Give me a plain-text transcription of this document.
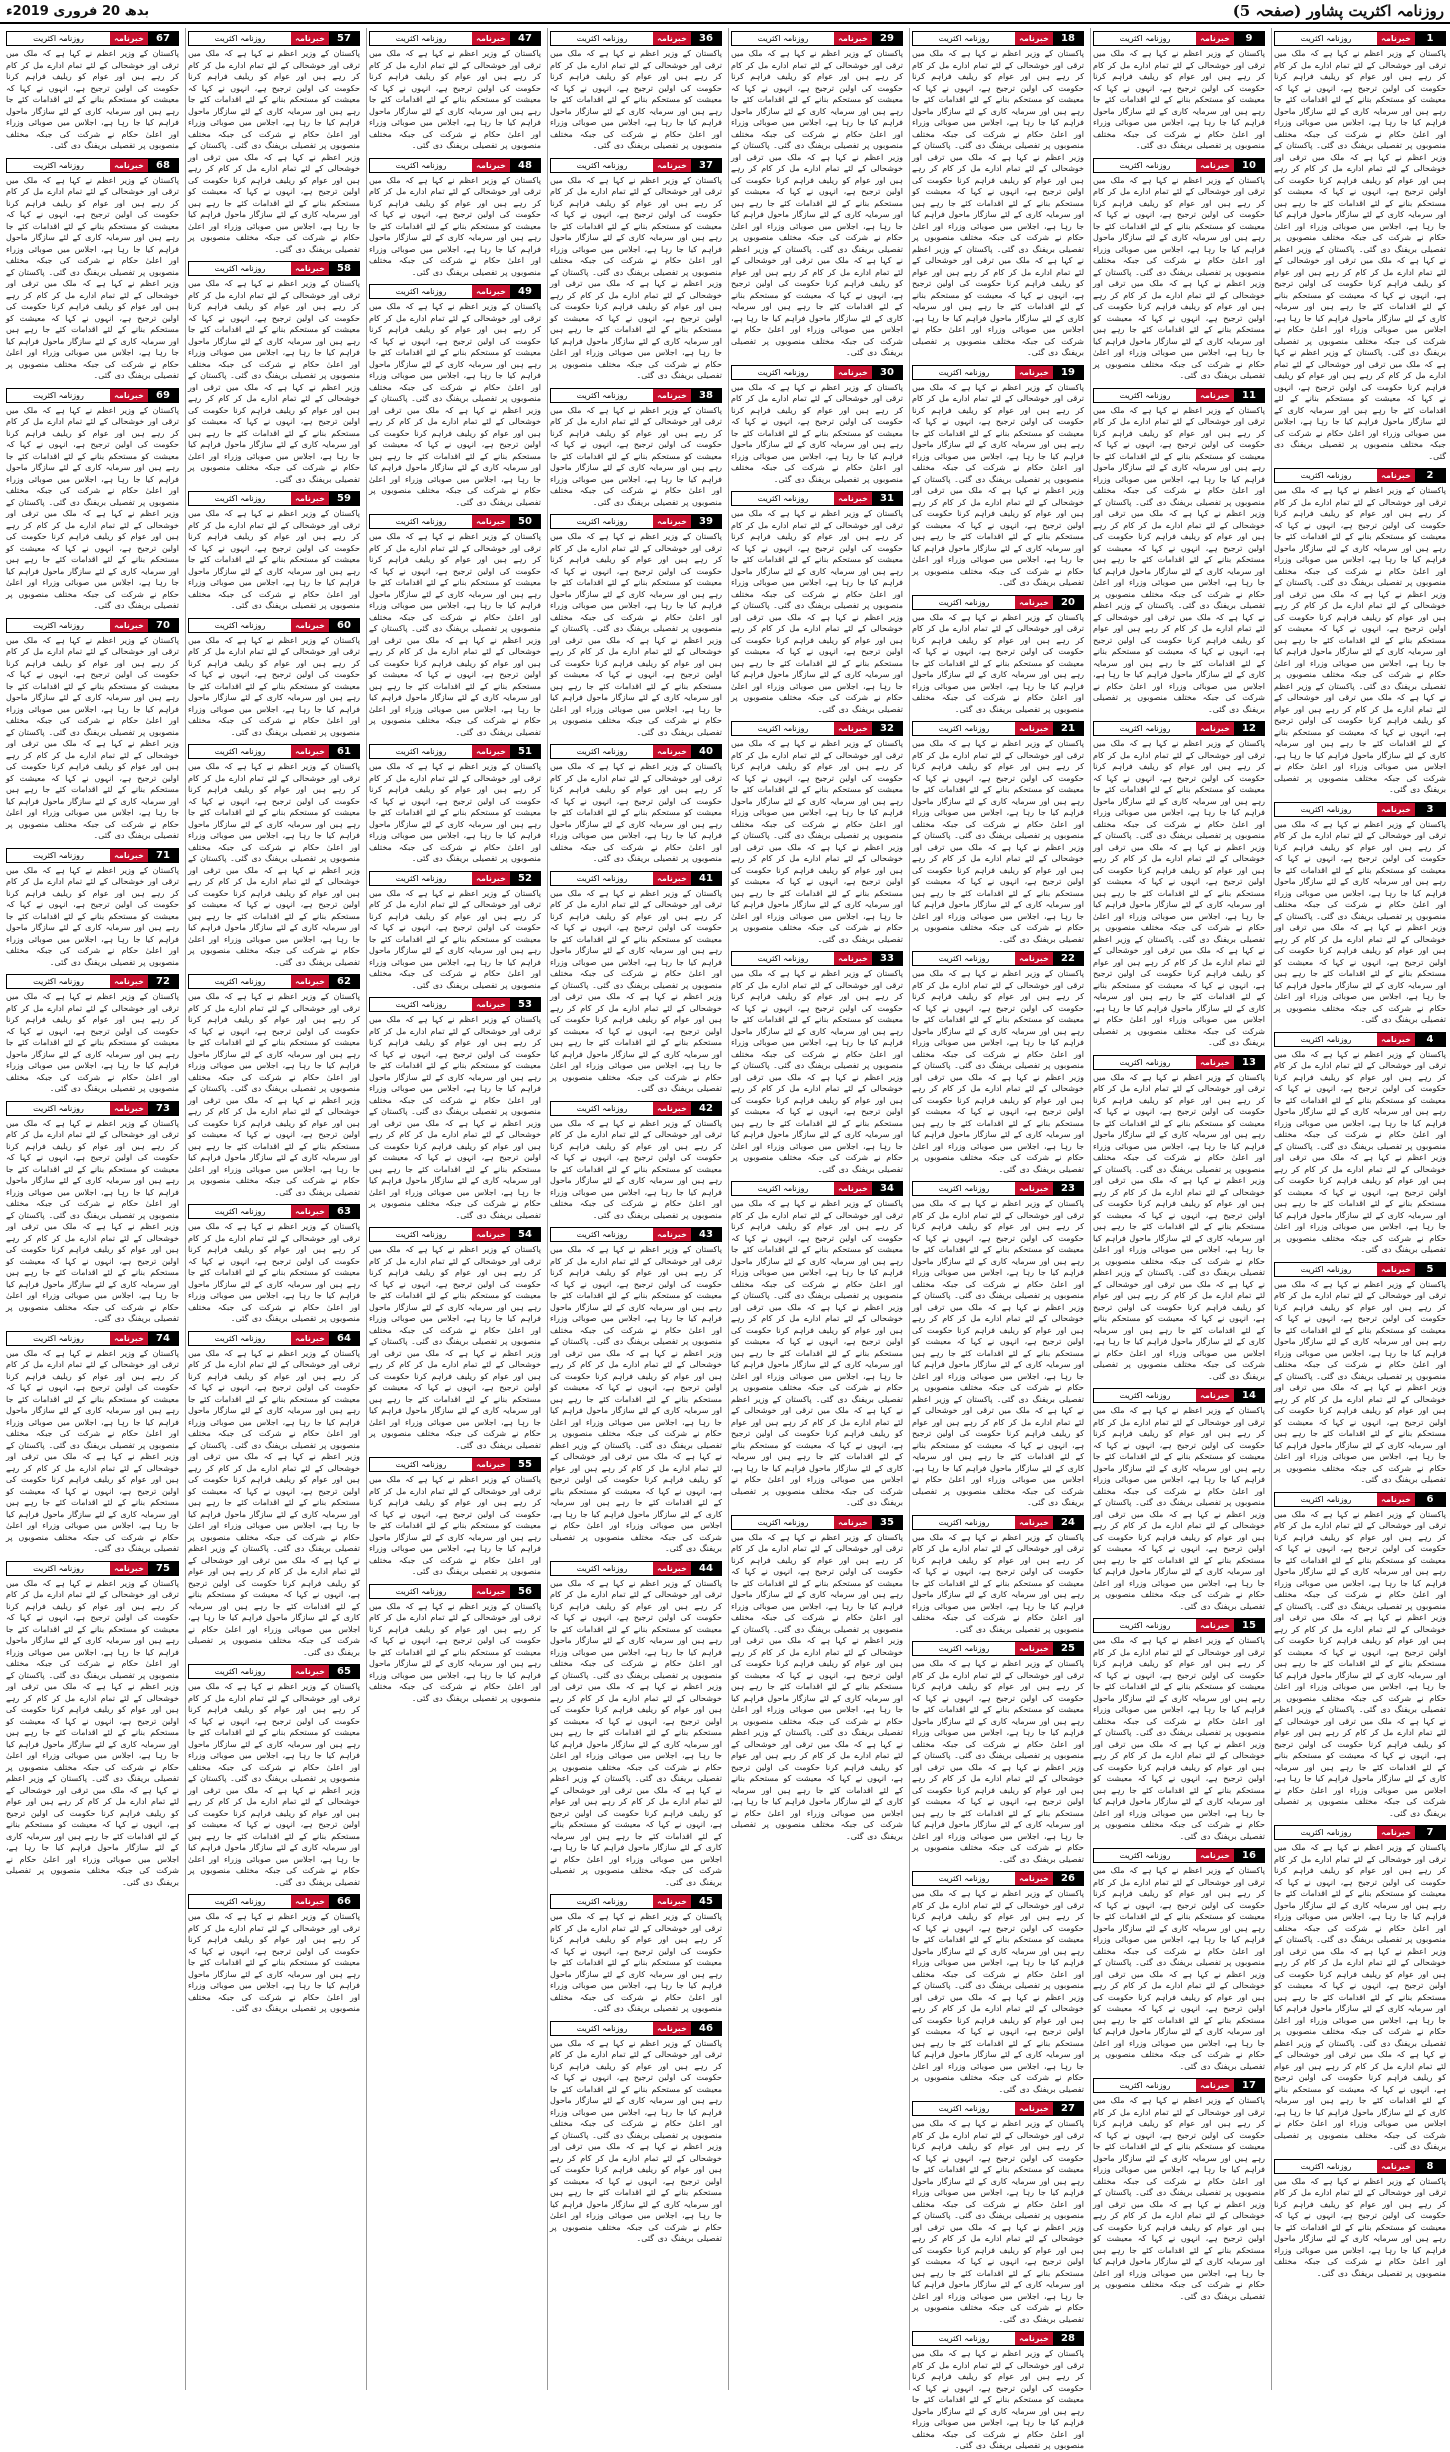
روزنامہ اکثریت پشاور (صفحہ 5)
بدھ 20 فروری 2019ء
روزنامہ اکثریت	خبرنامہ	1
پاکستان کے وزیر اعظم نے کہا ہے کہ ملک میں ترقی اور خوشحالی کے لئے تمام ادارے مل کر کام کر رہے ہیں اور عوام کو ریلیف فراہم کرنا حکومت کی اولین ترجیح ہے، انہوں نے کہا کہ معیشت کو مستحکم بنانے کے لئے اقدامات کئے جا رہے ہیں اور سرمایہ کاری کے لئے سازگار ماحول فراہم کیا جا رہا ہے، اجلاس میں صوبائی وزراء اور اعلیٰ حکام نے شرکت کی جبکہ مختلف منصوبوں پر تفصیلی بریفنگ دی گئی۔ پاکستان کے وزیر اعظم نے کہا ہے کہ ملک میں ترقی اور خوشحالی کے لئے تمام ادارے مل کر کام کر رہے ہیں اور عوام کو ریلیف فراہم کرنا حکومت کی اولین ترجیح ہے، انہوں نے کہا کہ معیشت کو مستحکم بنانے کے لئے اقدامات کئے جا رہے ہیں اور سرمایہ کاری کے لئے سازگار ماحول فراہم کیا جا رہا ہے، اجلاس میں صوبائی وزراء اور اعلیٰ حکام نے شرکت کی جبکہ مختلف منصوبوں پر تفصیلی بریفنگ دی گئی۔ پاکستان کے وزیر اعظم نے کہا ہے کہ ملک میں ترقی اور خوشحالی کے لئے تمام ادارے مل کر کام کر رہے ہیں اور عوام کو ریلیف فراہم کرنا حکومت کی اولین ترجیح ہے، انہوں نے کہا کہ معیشت کو مستحکم بنانے کے لئے اقدامات کئے جا رہے ہیں اور سرمایہ کاری کے لئے سازگار ماحول فراہم کیا جا رہا ہے، اجلاس میں صوبائی وزراء اور اعلیٰ حکام نے شرکت کی جبکہ مختلف منصوبوں پر تفصیلی بریفنگ دی گئی۔ پاکستان کے وزیر اعظم نے کہا ہے کہ ملک میں ترقی اور خوشحالی کے لئے تمام ادارے مل کر کام کر رہے ہیں اور عوام کو ریلیف فراہم کرنا حکومت کی اولین ترجیح ہے، انہوں نے کہا کہ معیشت کو مستحکم بنانے کے لئے اقدامات کئے جا رہے ہیں اور سرمایہ کاری کے لئے سازگار ماحول فراہم کیا جا رہا ہے، اجلاس میں صوبائی وزراء اور اعلیٰ حکام نے شرکت کی جبکہ مختلف منصوبوں پر تفصیلی بریفنگ دی گئی۔
روزنامہ اکثریت	خبرنامہ	2
پاکستان کے وزیر اعظم نے کہا ہے کہ ملک میں ترقی اور خوشحالی کے لئے تمام ادارے مل کر کام کر رہے ہیں اور عوام کو ریلیف فراہم کرنا حکومت کی اولین ترجیح ہے، انہوں نے کہا کہ معیشت کو مستحکم بنانے کے لئے اقدامات کئے جا رہے ہیں اور سرمایہ کاری کے لئے سازگار ماحول فراہم کیا جا رہا ہے، اجلاس میں صوبائی وزراء اور اعلیٰ حکام نے شرکت کی جبکہ مختلف منصوبوں پر تفصیلی بریفنگ دی گئی۔ پاکستان کے وزیر اعظم نے کہا ہے کہ ملک میں ترقی اور خوشحالی کے لئے تمام ادارے مل کر کام کر رہے ہیں اور عوام کو ریلیف فراہم کرنا حکومت کی اولین ترجیح ہے، انہوں نے کہا کہ معیشت کو مستحکم بنانے کے لئے اقدامات کئے جا رہے ہیں اور سرمایہ کاری کے لئے سازگار ماحول فراہم کیا جا رہا ہے، اجلاس میں صوبائی وزراء اور اعلیٰ حکام نے شرکت کی جبکہ مختلف منصوبوں پر تفصیلی بریفنگ دی گئی۔ پاکستان کے وزیر اعظم نے کہا ہے کہ ملک میں ترقی اور خوشحالی کے لئے تمام ادارے مل کر کام کر رہے ہیں اور عوام کو ریلیف فراہم کرنا حکومت کی اولین ترجیح ہے، انہوں نے کہا کہ معیشت کو مستحکم بنانے کے لئے اقدامات کئے جا رہے ہیں اور سرمایہ کاری کے لئے سازگار ماحول فراہم کیا جا رہا ہے، اجلاس میں صوبائی وزراء اور اعلیٰ حکام نے شرکت کی جبکہ مختلف منصوبوں پر تفصیلی بریفنگ دی گئی۔
روزنامہ اکثریت	خبرنامہ	3
پاکستان کے وزیر اعظم نے کہا ہے کہ ملک میں ترقی اور خوشحالی کے لئے تمام ادارے مل کر کام کر رہے ہیں اور عوام کو ریلیف فراہم کرنا حکومت کی اولین ترجیح ہے، انہوں نے کہا کہ معیشت کو مستحکم بنانے کے لئے اقدامات کئے جا رہے ہیں اور سرمایہ کاری کے لئے سازگار ماحول فراہم کیا جا رہا ہے، اجلاس میں صوبائی وزراء اور اعلیٰ حکام نے شرکت کی جبکہ مختلف منصوبوں پر تفصیلی بریفنگ دی گئی۔ پاکستان کے وزیر اعظم نے کہا ہے کہ ملک میں ترقی اور خوشحالی کے لئے تمام ادارے مل کر کام کر رہے ہیں اور عوام کو ریلیف فراہم کرنا حکومت کی اولین ترجیح ہے، انہوں نے کہا کہ معیشت کو مستحکم بنانے کے لئے اقدامات کئے جا رہے ہیں اور سرمایہ کاری کے لئے سازگار ماحول فراہم کیا جا رہا ہے، اجلاس میں صوبائی وزراء اور اعلیٰ حکام نے شرکت کی جبکہ مختلف منصوبوں پر تفصیلی بریفنگ دی گئی۔
روزنامہ اکثریت	خبرنامہ	4
پاکستان کے وزیر اعظم نے کہا ہے کہ ملک میں ترقی اور خوشحالی کے لئے تمام ادارے مل کر کام کر رہے ہیں اور عوام کو ریلیف فراہم کرنا حکومت کی اولین ترجیح ہے، انہوں نے کہا کہ معیشت کو مستحکم بنانے کے لئے اقدامات کئے جا رہے ہیں اور سرمایہ کاری کے لئے سازگار ماحول فراہم کیا جا رہا ہے، اجلاس میں صوبائی وزراء اور اعلیٰ حکام نے شرکت کی جبکہ مختلف منصوبوں پر تفصیلی بریفنگ دی گئی۔ پاکستان کے وزیر اعظم نے کہا ہے کہ ملک میں ترقی اور خوشحالی کے لئے تمام ادارے مل کر کام کر رہے ہیں اور عوام کو ریلیف فراہم کرنا حکومت کی اولین ترجیح ہے، انہوں نے کہا کہ معیشت کو مستحکم بنانے کے لئے اقدامات کئے جا رہے ہیں اور سرمایہ کاری کے لئے سازگار ماحول فراہم کیا جا رہا ہے، اجلاس میں صوبائی وزراء اور اعلیٰ حکام نے شرکت کی جبکہ مختلف منصوبوں پر تفصیلی بریفنگ دی گئی۔
روزنامہ اکثریت	خبرنامہ	5
پاکستان کے وزیر اعظم نے کہا ہے کہ ملک میں ترقی اور خوشحالی کے لئے تمام ادارے مل کر کام کر رہے ہیں اور عوام کو ریلیف فراہم کرنا حکومت کی اولین ترجیح ہے، انہوں نے کہا کہ معیشت کو مستحکم بنانے کے لئے اقدامات کئے جا رہے ہیں اور سرمایہ کاری کے لئے سازگار ماحول فراہم کیا جا رہا ہے، اجلاس میں صوبائی وزراء اور اعلیٰ حکام نے شرکت کی جبکہ مختلف منصوبوں پر تفصیلی بریفنگ دی گئی۔ پاکستان کے وزیر اعظم نے کہا ہے کہ ملک میں ترقی اور خوشحالی کے لئے تمام ادارے مل کر کام کر رہے ہیں اور عوام کو ریلیف فراہم کرنا حکومت کی اولین ترجیح ہے، انہوں نے کہا کہ معیشت کو مستحکم بنانے کے لئے اقدامات کئے جا رہے ہیں اور سرمایہ کاری کے لئے سازگار ماحول فراہم کیا جا رہا ہے، اجلاس میں صوبائی وزراء اور اعلیٰ حکام نے شرکت کی جبکہ مختلف منصوبوں پر تفصیلی بریفنگ دی گئی۔
روزنامہ اکثریت	خبرنامہ	6
پاکستان کے وزیر اعظم نے کہا ہے کہ ملک میں ترقی اور خوشحالی کے لئے تمام ادارے مل کر کام کر رہے ہیں اور عوام کو ریلیف فراہم کرنا حکومت کی اولین ترجیح ہے، انہوں نے کہا کہ معیشت کو مستحکم بنانے کے لئے اقدامات کئے جا رہے ہیں اور سرمایہ کاری کے لئے سازگار ماحول فراہم کیا جا رہا ہے، اجلاس میں صوبائی وزراء اور اعلیٰ حکام نے شرکت کی جبکہ مختلف منصوبوں پر تفصیلی بریفنگ دی گئی۔ پاکستان کے وزیر اعظم نے کہا ہے کہ ملک میں ترقی اور خوشحالی کے لئے تمام ادارے مل کر کام کر رہے ہیں اور عوام کو ریلیف فراہم کرنا حکومت کی اولین ترجیح ہے، انہوں نے کہا کہ معیشت کو مستحکم بنانے کے لئے اقدامات کئے جا رہے ہیں اور سرمایہ کاری کے لئے سازگار ماحول فراہم کیا جا رہا ہے، اجلاس میں صوبائی وزراء اور اعلیٰ حکام نے شرکت کی جبکہ مختلف منصوبوں پر تفصیلی بریفنگ دی گئی۔ پاکستان کے وزیر اعظم نے کہا ہے کہ ملک میں ترقی اور خوشحالی کے لئے تمام ادارے مل کر کام کر رہے ہیں اور عوام کو ریلیف فراہم کرنا حکومت کی اولین ترجیح ہے، انہوں نے کہا کہ معیشت کو مستحکم بنانے کے لئے اقدامات کئے جا رہے ہیں اور سرمایہ کاری کے لئے سازگار ماحول فراہم کیا جا رہا ہے، اجلاس میں صوبائی وزراء اور اعلیٰ حکام نے شرکت کی جبکہ مختلف منصوبوں پر تفصیلی بریفنگ دی گئی۔
روزنامہ اکثریت	خبرنامہ	7
پاکستان کے وزیر اعظم نے کہا ہے کہ ملک میں ترقی اور خوشحالی کے لئے تمام ادارے مل کر کام کر رہے ہیں اور عوام کو ریلیف فراہم کرنا حکومت کی اولین ترجیح ہے، انہوں نے کہا کہ معیشت کو مستحکم بنانے کے لئے اقدامات کئے جا رہے ہیں اور سرمایہ کاری کے لئے سازگار ماحول فراہم کیا جا رہا ہے، اجلاس میں صوبائی وزراء اور اعلیٰ حکام نے شرکت کی جبکہ مختلف منصوبوں پر تفصیلی بریفنگ دی گئی۔ پاکستان کے وزیر اعظم نے کہا ہے کہ ملک میں ترقی اور خوشحالی کے لئے تمام ادارے مل کر کام کر رہے ہیں اور عوام کو ریلیف فراہم کرنا حکومت کی اولین ترجیح ہے، انہوں نے کہا کہ معیشت کو مستحکم بنانے کے لئے اقدامات کئے جا رہے ہیں اور سرمایہ کاری کے لئے سازگار ماحول فراہم کیا جا رہا ہے، اجلاس میں صوبائی وزراء اور اعلیٰ حکام نے شرکت کی جبکہ مختلف منصوبوں پر تفصیلی بریفنگ دی گئی۔ پاکستان کے وزیر اعظم نے کہا ہے کہ ملک میں ترقی اور خوشحالی کے لئے تمام ادارے مل کر کام کر رہے ہیں اور عوام کو ریلیف فراہم کرنا حکومت کی اولین ترجیح ہے، انہوں نے کہا کہ معیشت کو مستحکم بنانے کے لئے اقدامات کئے جا رہے ہیں اور سرمایہ کاری کے لئے سازگار ماحول فراہم کیا جا رہا ہے، اجلاس میں صوبائی وزراء اور اعلیٰ حکام نے شرکت کی جبکہ مختلف منصوبوں پر تفصیلی بریفنگ دی گئی۔
روزنامہ اکثریت	خبرنامہ	8
پاکستان کے وزیر اعظم نے کہا ہے کہ ملک میں ترقی اور خوشحالی کے لئے تمام ادارے مل کر کام کر رہے ہیں اور عوام کو ریلیف فراہم کرنا حکومت کی اولین ترجیح ہے، انہوں نے کہا کہ معیشت کو مستحکم بنانے کے لئے اقدامات کئے جا رہے ہیں اور سرمایہ کاری کے لئے سازگار ماحول فراہم کیا جا رہا ہے، اجلاس میں صوبائی وزراء اور اعلیٰ حکام نے شرکت کی جبکہ مختلف منصوبوں پر تفصیلی بریفنگ دی گئی۔
روزنامہ اکثریت	خبرنامہ	9
پاکستان کے وزیر اعظم نے کہا ہے کہ ملک میں ترقی اور خوشحالی کے لئے تمام ادارے مل کر کام کر رہے ہیں اور عوام کو ریلیف فراہم کرنا حکومت کی اولین ترجیح ہے، انہوں نے کہا کہ معیشت کو مستحکم بنانے کے لئے اقدامات کئے جا رہے ہیں اور سرمایہ کاری کے لئے سازگار ماحول فراہم کیا جا رہا ہے، اجلاس میں صوبائی وزراء اور اعلیٰ حکام نے شرکت کی جبکہ مختلف منصوبوں پر تفصیلی بریفنگ دی گئی۔
روزنامہ اکثریت	خبرنامہ	10
پاکستان کے وزیر اعظم نے کہا ہے کہ ملک میں ترقی اور خوشحالی کے لئے تمام ادارے مل کر کام کر رہے ہیں اور عوام کو ریلیف فراہم کرنا حکومت کی اولین ترجیح ہے، انہوں نے کہا کہ معیشت کو مستحکم بنانے کے لئے اقدامات کئے جا رہے ہیں اور سرمایہ کاری کے لئے سازگار ماحول فراہم کیا جا رہا ہے، اجلاس میں صوبائی وزراء اور اعلیٰ حکام نے شرکت کی جبکہ مختلف منصوبوں پر تفصیلی بریفنگ دی گئی۔ پاکستان کے وزیر اعظم نے کہا ہے کہ ملک میں ترقی اور خوشحالی کے لئے تمام ادارے مل کر کام کر رہے ہیں اور عوام کو ریلیف فراہم کرنا حکومت کی اولین ترجیح ہے، انہوں نے کہا کہ معیشت کو مستحکم بنانے کے لئے اقدامات کئے جا رہے ہیں اور سرمایہ کاری کے لئے سازگار ماحول فراہم کیا جا رہا ہے، اجلاس میں صوبائی وزراء اور اعلیٰ حکام نے شرکت کی جبکہ مختلف منصوبوں پر تفصیلی بریفنگ دی گئی۔
روزنامہ اکثریت	خبرنامہ	11
پاکستان کے وزیر اعظم نے کہا ہے کہ ملک میں ترقی اور خوشحالی کے لئے تمام ادارے مل کر کام کر رہے ہیں اور عوام کو ریلیف فراہم کرنا حکومت کی اولین ترجیح ہے، انہوں نے کہا کہ معیشت کو مستحکم بنانے کے لئے اقدامات کئے جا رہے ہیں اور سرمایہ کاری کے لئے سازگار ماحول فراہم کیا جا رہا ہے، اجلاس میں صوبائی وزراء اور اعلیٰ حکام نے شرکت کی جبکہ مختلف منصوبوں پر تفصیلی بریفنگ دی گئی۔ پاکستان کے وزیر اعظم نے کہا ہے کہ ملک میں ترقی اور خوشحالی کے لئے تمام ادارے مل کر کام کر رہے ہیں اور عوام کو ریلیف فراہم کرنا حکومت کی اولین ترجیح ہے، انہوں نے کہا کہ معیشت کو مستحکم بنانے کے لئے اقدامات کئے جا رہے ہیں اور سرمایہ کاری کے لئے سازگار ماحول فراہم کیا جا رہا ہے، اجلاس میں صوبائی وزراء اور اعلیٰ حکام نے شرکت کی جبکہ مختلف منصوبوں پر تفصیلی بریفنگ دی گئی۔ پاکستان کے وزیر اعظم نے کہا ہے کہ ملک میں ترقی اور خوشحالی کے لئے تمام ادارے مل کر کام کر رہے ہیں اور عوام کو ریلیف فراہم کرنا حکومت کی اولین ترجیح ہے، انہوں نے کہا کہ معیشت کو مستحکم بنانے کے لئے اقدامات کئے جا رہے ہیں اور سرمایہ کاری کے لئے سازگار ماحول فراہم کیا جا رہا ہے، اجلاس میں صوبائی وزراء اور اعلیٰ حکام نے شرکت کی جبکہ مختلف منصوبوں پر تفصیلی بریفنگ دی گئی۔
روزنامہ اکثریت	خبرنامہ	12
پاکستان کے وزیر اعظم نے کہا ہے کہ ملک میں ترقی اور خوشحالی کے لئے تمام ادارے مل کر کام کر رہے ہیں اور عوام کو ریلیف فراہم کرنا حکومت کی اولین ترجیح ہے، انہوں نے کہا کہ معیشت کو مستحکم بنانے کے لئے اقدامات کئے جا رہے ہیں اور سرمایہ کاری کے لئے سازگار ماحول فراہم کیا جا رہا ہے، اجلاس میں صوبائی وزراء اور اعلیٰ حکام نے شرکت کی جبکہ مختلف منصوبوں پر تفصیلی بریفنگ دی گئی۔ پاکستان کے وزیر اعظم نے کہا ہے کہ ملک میں ترقی اور خوشحالی کے لئے تمام ادارے مل کر کام کر رہے ہیں اور عوام کو ریلیف فراہم کرنا حکومت کی اولین ترجیح ہے، انہوں نے کہا کہ معیشت کو مستحکم بنانے کے لئے اقدامات کئے جا رہے ہیں اور سرمایہ کاری کے لئے سازگار ماحول فراہم کیا جا رہا ہے، اجلاس میں صوبائی وزراء اور اعلیٰ حکام نے شرکت کی جبکہ مختلف منصوبوں پر تفصیلی بریفنگ دی گئی۔ پاکستان کے وزیر اعظم نے کہا ہے کہ ملک میں ترقی اور خوشحالی کے لئے تمام ادارے مل کر کام کر رہے ہیں اور عوام کو ریلیف فراہم کرنا حکومت کی اولین ترجیح ہے، انہوں نے کہا کہ معیشت کو مستحکم بنانے کے لئے اقدامات کئے جا رہے ہیں اور سرمایہ کاری کے لئے سازگار ماحول فراہم کیا جا رہا ہے، اجلاس میں صوبائی وزراء اور اعلیٰ حکام نے شرکت کی جبکہ مختلف منصوبوں پر تفصیلی بریفنگ دی گئی۔
روزنامہ اکثریت	خبرنامہ	13
پاکستان کے وزیر اعظم نے کہا ہے کہ ملک میں ترقی اور خوشحالی کے لئے تمام ادارے مل کر کام کر رہے ہیں اور عوام کو ریلیف فراہم کرنا حکومت کی اولین ترجیح ہے، انہوں نے کہا کہ معیشت کو مستحکم بنانے کے لئے اقدامات کئے جا رہے ہیں اور سرمایہ کاری کے لئے سازگار ماحول فراہم کیا جا رہا ہے، اجلاس میں صوبائی وزراء اور اعلیٰ حکام نے شرکت کی جبکہ مختلف منصوبوں پر تفصیلی بریفنگ دی گئی۔ پاکستان کے وزیر اعظم نے کہا ہے کہ ملک میں ترقی اور خوشحالی کے لئے تمام ادارے مل کر کام کر رہے ہیں اور عوام کو ریلیف فراہم کرنا حکومت کی اولین ترجیح ہے، انہوں نے کہا کہ معیشت کو مستحکم بنانے کے لئے اقدامات کئے جا رہے ہیں اور سرمایہ کاری کے لئے سازگار ماحول فراہم کیا جا رہا ہے، اجلاس میں صوبائی وزراء اور اعلیٰ حکام نے شرکت کی جبکہ مختلف منصوبوں پر تفصیلی بریفنگ دی گئی۔ پاکستان کے وزیر اعظم نے کہا ہے کہ ملک میں ترقی اور خوشحالی کے لئے تمام ادارے مل کر کام کر رہے ہیں اور عوام کو ریلیف فراہم کرنا حکومت کی اولین ترجیح ہے، انہوں نے کہا کہ معیشت کو مستحکم بنانے کے لئے اقدامات کئے جا رہے ہیں اور سرمایہ کاری کے لئے سازگار ماحول فراہم کیا جا رہا ہے، اجلاس میں صوبائی وزراء اور اعلیٰ حکام نے شرکت کی جبکہ مختلف منصوبوں پر تفصیلی بریفنگ دی گئی۔
روزنامہ اکثریت	خبرنامہ	14
پاکستان کے وزیر اعظم نے کہا ہے کہ ملک میں ترقی اور خوشحالی کے لئے تمام ادارے مل کر کام کر رہے ہیں اور عوام کو ریلیف فراہم کرنا حکومت کی اولین ترجیح ہے، انہوں نے کہا کہ معیشت کو مستحکم بنانے کے لئے اقدامات کئے جا رہے ہیں اور سرمایہ کاری کے لئے سازگار ماحول فراہم کیا جا رہا ہے، اجلاس میں صوبائی وزراء اور اعلیٰ حکام نے شرکت کی جبکہ مختلف منصوبوں پر تفصیلی بریفنگ دی گئی۔ پاکستان کے وزیر اعظم نے کہا ہے کہ ملک میں ترقی اور خوشحالی کے لئے تمام ادارے مل کر کام کر رہے ہیں اور عوام کو ریلیف فراہم کرنا حکومت کی اولین ترجیح ہے، انہوں نے کہا کہ معیشت کو مستحکم بنانے کے لئے اقدامات کئے جا رہے ہیں اور سرمایہ کاری کے لئے سازگار ماحول فراہم کیا جا رہا ہے، اجلاس میں صوبائی وزراء اور اعلیٰ حکام نے شرکت کی جبکہ مختلف منصوبوں پر تفصیلی بریفنگ دی گئی۔
روزنامہ اکثریت	خبرنامہ	15
پاکستان کے وزیر اعظم نے کہا ہے کہ ملک میں ترقی اور خوشحالی کے لئے تمام ادارے مل کر کام کر رہے ہیں اور عوام کو ریلیف فراہم کرنا حکومت کی اولین ترجیح ہے، انہوں نے کہا کہ معیشت کو مستحکم بنانے کے لئے اقدامات کئے جا رہے ہیں اور سرمایہ کاری کے لئے سازگار ماحول فراہم کیا جا رہا ہے، اجلاس میں صوبائی وزراء اور اعلیٰ حکام نے شرکت کی جبکہ مختلف منصوبوں پر تفصیلی بریفنگ دی گئی۔ پاکستان کے وزیر اعظم نے کہا ہے کہ ملک میں ترقی اور خوشحالی کے لئے تمام ادارے مل کر کام کر رہے ہیں اور عوام کو ریلیف فراہم کرنا حکومت کی اولین ترجیح ہے، انہوں نے کہا کہ معیشت کو مستحکم بنانے کے لئے اقدامات کئے جا رہے ہیں اور سرمایہ کاری کے لئے سازگار ماحول فراہم کیا جا رہا ہے، اجلاس میں صوبائی وزراء اور اعلیٰ حکام نے شرکت کی جبکہ مختلف منصوبوں پر تفصیلی بریفنگ دی گئی۔
روزنامہ اکثریت	خبرنامہ	16
پاکستان کے وزیر اعظم نے کہا ہے کہ ملک میں ترقی اور خوشحالی کے لئے تمام ادارے مل کر کام کر رہے ہیں اور عوام کو ریلیف فراہم کرنا حکومت کی اولین ترجیح ہے، انہوں نے کہا کہ معیشت کو مستحکم بنانے کے لئے اقدامات کئے جا رہے ہیں اور سرمایہ کاری کے لئے سازگار ماحول فراہم کیا جا رہا ہے، اجلاس میں صوبائی وزراء اور اعلیٰ حکام نے شرکت کی جبکہ مختلف منصوبوں پر تفصیلی بریفنگ دی گئی۔ پاکستان کے وزیر اعظم نے کہا ہے کہ ملک میں ترقی اور خوشحالی کے لئے تمام ادارے مل کر کام کر رہے ہیں اور عوام کو ریلیف فراہم کرنا حکومت کی اولین ترجیح ہے، انہوں نے کہا کہ معیشت کو مستحکم بنانے کے لئے اقدامات کئے جا رہے ہیں اور سرمایہ کاری کے لئے سازگار ماحول فراہم کیا جا رہا ہے، اجلاس میں صوبائی وزراء اور اعلیٰ حکام نے شرکت کی جبکہ مختلف منصوبوں پر تفصیلی بریفنگ دی گئی۔
روزنامہ اکثریت	خبرنامہ	17
پاکستان کے وزیر اعظم نے کہا ہے کہ ملک میں ترقی اور خوشحالی کے لئے تمام ادارے مل کر کام کر رہے ہیں اور عوام کو ریلیف فراہم کرنا حکومت کی اولین ترجیح ہے، انہوں نے کہا کہ معیشت کو مستحکم بنانے کے لئے اقدامات کئے جا رہے ہیں اور سرمایہ کاری کے لئے سازگار ماحول فراہم کیا جا رہا ہے، اجلاس میں صوبائی وزراء اور اعلیٰ حکام نے شرکت کی جبکہ مختلف منصوبوں پر تفصیلی بریفنگ دی گئی۔ پاکستان کے وزیر اعظم نے کہا ہے کہ ملک میں ترقی اور خوشحالی کے لئے تمام ادارے مل کر کام کر رہے ہیں اور عوام کو ریلیف فراہم کرنا حکومت کی اولین ترجیح ہے، انہوں نے کہا کہ معیشت کو مستحکم بنانے کے لئے اقدامات کئے جا رہے ہیں اور سرمایہ کاری کے لئے سازگار ماحول فراہم کیا جا رہا ہے، اجلاس میں صوبائی وزراء اور اعلیٰ حکام نے شرکت کی جبکہ مختلف منصوبوں پر تفصیلی بریفنگ دی گئی۔
روزنامہ اکثریت	خبرنامہ	18
پاکستان کے وزیر اعظم نے کہا ہے کہ ملک میں ترقی اور خوشحالی کے لئے تمام ادارے مل کر کام کر رہے ہیں اور عوام کو ریلیف فراہم کرنا حکومت کی اولین ترجیح ہے، انہوں نے کہا کہ معیشت کو مستحکم بنانے کے لئے اقدامات کئے جا رہے ہیں اور سرمایہ کاری کے لئے سازگار ماحول فراہم کیا جا رہا ہے، اجلاس میں صوبائی وزراء اور اعلیٰ حکام نے شرکت کی جبکہ مختلف منصوبوں پر تفصیلی بریفنگ دی گئی۔ پاکستان کے وزیر اعظم نے کہا ہے کہ ملک میں ترقی اور خوشحالی کے لئے تمام ادارے مل کر کام کر رہے ہیں اور عوام کو ریلیف فراہم کرنا حکومت کی اولین ترجیح ہے، انہوں نے کہا کہ معیشت کو مستحکم بنانے کے لئے اقدامات کئے جا رہے ہیں اور سرمایہ کاری کے لئے سازگار ماحول فراہم کیا جا رہا ہے، اجلاس میں صوبائی وزراء اور اعلیٰ حکام نے شرکت کی جبکہ مختلف منصوبوں پر تفصیلی بریفنگ دی گئی۔ پاکستان کے وزیر اعظم نے کہا ہے کہ ملک میں ترقی اور خوشحالی کے لئے تمام ادارے مل کر کام کر رہے ہیں اور عوام کو ریلیف فراہم کرنا حکومت کی اولین ترجیح ہے، انہوں نے کہا کہ معیشت کو مستحکم بنانے کے لئے اقدامات کئے جا رہے ہیں اور سرمایہ کاری کے لئے سازگار ماحول فراہم کیا جا رہا ہے، اجلاس میں صوبائی وزراء اور اعلیٰ حکام نے شرکت کی جبکہ مختلف منصوبوں پر تفصیلی بریفنگ دی گئی۔
روزنامہ اکثریت	خبرنامہ	19
پاکستان کے وزیر اعظم نے کہا ہے کہ ملک میں ترقی اور خوشحالی کے لئے تمام ادارے مل کر کام کر رہے ہیں اور عوام کو ریلیف فراہم کرنا حکومت کی اولین ترجیح ہے، انہوں نے کہا کہ معیشت کو مستحکم بنانے کے لئے اقدامات کئے جا رہے ہیں اور سرمایہ کاری کے لئے سازگار ماحول فراہم کیا جا رہا ہے، اجلاس میں صوبائی وزراء اور اعلیٰ حکام نے شرکت کی جبکہ مختلف منصوبوں پر تفصیلی بریفنگ دی گئی۔ پاکستان کے وزیر اعظم نے کہا ہے کہ ملک میں ترقی اور خوشحالی کے لئے تمام ادارے مل کر کام کر رہے ہیں اور عوام کو ریلیف فراہم کرنا حکومت کی اولین ترجیح ہے، انہوں نے کہا کہ معیشت کو مستحکم بنانے کے لئے اقدامات کئے جا رہے ہیں اور سرمایہ کاری کے لئے سازگار ماحول فراہم کیا جا رہا ہے، اجلاس میں صوبائی وزراء اور اعلیٰ حکام نے شرکت کی جبکہ مختلف منصوبوں پر تفصیلی بریفنگ دی گئی۔
روزنامہ اکثریت	خبرنامہ	20
پاکستان کے وزیر اعظم نے کہا ہے کہ ملک میں ترقی اور خوشحالی کے لئے تمام ادارے مل کر کام کر رہے ہیں اور عوام کو ریلیف فراہم کرنا حکومت کی اولین ترجیح ہے، انہوں نے کہا کہ معیشت کو مستحکم بنانے کے لئے اقدامات کئے جا رہے ہیں اور سرمایہ کاری کے لئے سازگار ماحول فراہم کیا جا رہا ہے، اجلاس میں صوبائی وزراء اور اعلیٰ حکام نے شرکت کی جبکہ مختلف منصوبوں پر تفصیلی بریفنگ دی گئی۔
روزنامہ اکثریت	خبرنامہ	21
پاکستان کے وزیر اعظم نے کہا ہے کہ ملک میں ترقی اور خوشحالی کے لئے تمام ادارے مل کر کام کر رہے ہیں اور عوام کو ریلیف فراہم کرنا حکومت کی اولین ترجیح ہے، انہوں نے کہا کہ معیشت کو مستحکم بنانے کے لئے اقدامات کئے جا رہے ہیں اور سرمایہ کاری کے لئے سازگار ماحول فراہم کیا جا رہا ہے، اجلاس میں صوبائی وزراء اور اعلیٰ حکام نے شرکت کی جبکہ مختلف منصوبوں پر تفصیلی بریفنگ دی گئی۔ پاکستان کے وزیر اعظم نے کہا ہے کہ ملک میں ترقی اور خوشحالی کے لئے تمام ادارے مل کر کام کر رہے ہیں اور عوام کو ریلیف فراہم کرنا حکومت کی اولین ترجیح ہے، انہوں نے کہا کہ معیشت کو مستحکم بنانے کے لئے اقدامات کئے جا رہے ہیں اور سرمایہ کاری کے لئے سازگار ماحول فراہم کیا جا رہا ہے، اجلاس میں صوبائی وزراء اور اعلیٰ حکام نے شرکت کی جبکہ مختلف منصوبوں پر تفصیلی بریفنگ دی گئی۔
روزنامہ اکثریت	خبرنامہ	22
پاکستان کے وزیر اعظم نے کہا ہے کہ ملک میں ترقی اور خوشحالی کے لئے تمام ادارے مل کر کام کر رہے ہیں اور عوام کو ریلیف فراہم کرنا حکومت کی اولین ترجیح ہے، انہوں نے کہا کہ معیشت کو مستحکم بنانے کے لئے اقدامات کئے جا رہے ہیں اور سرمایہ کاری کے لئے سازگار ماحول فراہم کیا جا رہا ہے، اجلاس میں صوبائی وزراء اور اعلیٰ حکام نے شرکت کی جبکہ مختلف منصوبوں پر تفصیلی بریفنگ دی گئی۔ پاکستان کے وزیر اعظم نے کہا ہے کہ ملک میں ترقی اور خوشحالی کے لئے تمام ادارے مل کر کام کر رہے ہیں اور عوام کو ریلیف فراہم کرنا حکومت کی اولین ترجیح ہے، انہوں نے کہا کہ معیشت کو مستحکم بنانے کے لئے اقدامات کئے جا رہے ہیں اور سرمایہ کاری کے لئے سازگار ماحول فراہم کیا جا رہا ہے، اجلاس میں صوبائی وزراء اور اعلیٰ حکام نے شرکت کی جبکہ مختلف منصوبوں پر تفصیلی بریفنگ دی گئی۔
روزنامہ اکثریت	خبرنامہ	23
پاکستان کے وزیر اعظم نے کہا ہے کہ ملک میں ترقی اور خوشحالی کے لئے تمام ادارے مل کر کام کر رہے ہیں اور عوام کو ریلیف فراہم کرنا حکومت کی اولین ترجیح ہے، انہوں نے کہا کہ معیشت کو مستحکم بنانے کے لئے اقدامات کئے جا رہے ہیں اور سرمایہ کاری کے لئے سازگار ماحول فراہم کیا جا رہا ہے، اجلاس میں صوبائی وزراء اور اعلیٰ حکام نے شرکت کی جبکہ مختلف منصوبوں پر تفصیلی بریفنگ دی گئی۔ پاکستان کے وزیر اعظم نے کہا ہے کہ ملک میں ترقی اور خوشحالی کے لئے تمام ادارے مل کر کام کر رہے ہیں اور عوام کو ریلیف فراہم کرنا حکومت کی اولین ترجیح ہے، انہوں نے کہا کہ معیشت کو مستحکم بنانے کے لئے اقدامات کئے جا رہے ہیں اور سرمایہ کاری کے لئے سازگار ماحول فراہم کیا جا رہا ہے، اجلاس میں صوبائی وزراء اور اعلیٰ حکام نے شرکت کی جبکہ مختلف منصوبوں پر تفصیلی بریفنگ دی گئی۔ پاکستان کے وزیر اعظم نے کہا ہے کہ ملک میں ترقی اور خوشحالی کے لئے تمام ادارے مل کر کام کر رہے ہیں اور عوام کو ریلیف فراہم کرنا حکومت کی اولین ترجیح ہے، انہوں نے کہا کہ معیشت کو مستحکم بنانے کے لئے اقدامات کئے جا رہے ہیں اور سرمایہ کاری کے لئے سازگار ماحول فراہم کیا جا رہا ہے، اجلاس میں صوبائی وزراء اور اعلیٰ حکام نے شرکت کی جبکہ مختلف منصوبوں پر تفصیلی بریفنگ دی گئی۔
روزنامہ اکثریت	خبرنامہ	24
پاکستان کے وزیر اعظم نے کہا ہے کہ ملک میں ترقی اور خوشحالی کے لئے تمام ادارے مل کر کام کر رہے ہیں اور عوام کو ریلیف فراہم کرنا حکومت کی اولین ترجیح ہے، انہوں نے کہا کہ معیشت کو مستحکم بنانے کے لئے اقدامات کئے جا رہے ہیں اور سرمایہ کاری کے لئے سازگار ماحول فراہم کیا جا رہا ہے، اجلاس میں صوبائی وزراء اور اعلیٰ حکام نے شرکت کی جبکہ مختلف منصوبوں پر تفصیلی بریفنگ دی گئی۔
روزنامہ اکثریت	خبرنامہ	25
پاکستان کے وزیر اعظم نے کہا ہے کہ ملک میں ترقی اور خوشحالی کے لئے تمام ادارے مل کر کام کر رہے ہیں اور عوام کو ریلیف فراہم کرنا حکومت کی اولین ترجیح ہے، انہوں نے کہا کہ معیشت کو مستحکم بنانے کے لئے اقدامات کئے جا رہے ہیں اور سرمایہ کاری کے لئے سازگار ماحول فراہم کیا جا رہا ہے، اجلاس میں صوبائی وزراء اور اعلیٰ حکام نے شرکت کی جبکہ مختلف منصوبوں پر تفصیلی بریفنگ دی گئی۔ پاکستان کے وزیر اعظم نے کہا ہے کہ ملک میں ترقی اور خوشحالی کے لئے تمام ادارے مل کر کام کر رہے ہیں اور عوام کو ریلیف فراہم کرنا حکومت کی اولین ترجیح ہے، انہوں نے کہا کہ معیشت کو مستحکم بنانے کے لئے اقدامات کئے جا رہے ہیں اور سرمایہ کاری کے لئے سازگار ماحول فراہم کیا جا رہا ہے، اجلاس میں صوبائی وزراء اور اعلیٰ حکام نے شرکت کی جبکہ مختلف منصوبوں پر تفصیلی بریفنگ دی گئی۔
روزنامہ اکثریت	خبرنامہ	26
پاکستان کے وزیر اعظم نے کہا ہے کہ ملک میں ترقی اور خوشحالی کے لئے تمام ادارے مل کر کام کر رہے ہیں اور عوام کو ریلیف فراہم کرنا حکومت کی اولین ترجیح ہے، انہوں نے کہا کہ معیشت کو مستحکم بنانے کے لئے اقدامات کئے جا رہے ہیں اور سرمایہ کاری کے لئے سازگار ماحول فراہم کیا جا رہا ہے، اجلاس میں صوبائی وزراء اور اعلیٰ حکام نے شرکت کی جبکہ مختلف منصوبوں پر تفصیلی بریفنگ دی گئی۔ پاکستان کے وزیر اعظم نے کہا ہے کہ ملک میں ترقی اور خوشحالی کے لئے تمام ادارے مل کر کام کر رہے ہیں اور عوام کو ریلیف فراہم کرنا حکومت کی اولین ترجیح ہے، انہوں نے کہا کہ معیشت کو مستحکم بنانے کے لئے اقدامات کئے جا رہے ہیں اور سرمایہ کاری کے لئے سازگار ماحول فراہم کیا جا رہا ہے، اجلاس میں صوبائی وزراء اور اعلیٰ حکام نے شرکت کی جبکہ مختلف منصوبوں پر تفصیلی بریفنگ دی گئی۔
روزنامہ اکثریت	خبرنامہ	27
پاکستان کے وزیر اعظم نے کہا ہے کہ ملک میں ترقی اور خوشحالی کے لئے تمام ادارے مل کر کام کر رہے ہیں اور عوام کو ریلیف فراہم کرنا حکومت کی اولین ترجیح ہے، انہوں نے کہا کہ معیشت کو مستحکم بنانے کے لئے اقدامات کئے جا رہے ہیں اور سرمایہ کاری کے لئے سازگار ماحول فراہم کیا جا رہا ہے، اجلاس میں صوبائی وزراء اور اعلیٰ حکام نے شرکت کی جبکہ مختلف منصوبوں پر تفصیلی بریفنگ دی گئی۔ پاکستان کے وزیر اعظم نے کہا ہے کہ ملک میں ترقی اور خوشحالی کے لئے تمام ادارے مل کر کام کر رہے ہیں اور عوام کو ریلیف فراہم کرنا حکومت کی اولین ترجیح ہے، انہوں نے کہا کہ معیشت کو مستحکم بنانے کے لئے اقدامات کئے جا رہے ہیں اور سرمایہ کاری کے لئے سازگار ماحول فراہم کیا جا رہا ہے، اجلاس میں صوبائی وزراء اور اعلیٰ حکام نے شرکت کی جبکہ مختلف منصوبوں پر تفصیلی بریفنگ دی گئی۔
روزنامہ اکثریت	خبرنامہ	28
پاکستان کے وزیر اعظم نے کہا ہے کہ ملک میں ترقی اور خوشحالی کے لئے تمام ادارے مل کر کام کر رہے ہیں اور عوام کو ریلیف فراہم کرنا حکومت کی اولین ترجیح ہے، انہوں نے کہا کہ معیشت کو مستحکم بنانے کے لئے اقدامات کئے جا رہے ہیں اور سرمایہ کاری کے لئے سازگار ماحول فراہم کیا جا رہا ہے، اجلاس میں صوبائی وزراء اور اعلیٰ حکام نے شرکت کی جبکہ مختلف منصوبوں پر تفصیلی بریفنگ دی گئی۔
روزنامہ اکثریت	خبرنامہ	29
پاکستان کے وزیر اعظم نے کہا ہے کہ ملک میں ترقی اور خوشحالی کے لئے تمام ادارے مل کر کام کر رہے ہیں اور عوام کو ریلیف فراہم کرنا حکومت کی اولین ترجیح ہے، انہوں نے کہا کہ معیشت کو مستحکم بنانے کے لئے اقدامات کئے جا رہے ہیں اور سرمایہ کاری کے لئے سازگار ماحول فراہم کیا جا رہا ہے، اجلاس میں صوبائی وزراء اور اعلیٰ حکام نے شرکت کی جبکہ مختلف منصوبوں پر تفصیلی بریفنگ دی گئی۔ پاکستان کے وزیر اعظم نے کہا ہے کہ ملک میں ترقی اور خوشحالی کے لئے تمام ادارے مل کر کام کر رہے ہیں اور عوام کو ریلیف فراہم کرنا حکومت کی اولین ترجیح ہے، انہوں نے کہا کہ معیشت کو مستحکم بنانے کے لئے اقدامات کئے جا رہے ہیں اور سرمایہ کاری کے لئے سازگار ماحول فراہم کیا جا رہا ہے، اجلاس میں صوبائی وزراء اور اعلیٰ حکام نے شرکت کی جبکہ مختلف منصوبوں پر تفصیلی بریفنگ دی گئی۔ پاکستان کے وزیر اعظم نے کہا ہے کہ ملک میں ترقی اور خوشحالی کے لئے تمام ادارے مل کر کام کر رہے ہیں اور عوام کو ریلیف فراہم کرنا حکومت کی اولین ترجیح ہے، انہوں نے کہا کہ معیشت کو مستحکم بنانے کے لئے اقدامات کئے جا رہے ہیں اور سرمایہ کاری کے لئے سازگار ماحول فراہم کیا جا رہا ہے، اجلاس میں صوبائی وزراء اور اعلیٰ حکام نے شرکت کی جبکہ مختلف منصوبوں پر تفصیلی بریفنگ دی گئی۔
روزنامہ اکثریت	خبرنامہ	30
پاکستان کے وزیر اعظم نے کہا ہے کہ ملک میں ترقی اور خوشحالی کے لئے تمام ادارے مل کر کام کر رہے ہیں اور عوام کو ریلیف فراہم کرنا حکومت کی اولین ترجیح ہے، انہوں نے کہا کہ معیشت کو مستحکم بنانے کے لئے اقدامات کئے جا رہے ہیں اور سرمایہ کاری کے لئے سازگار ماحول فراہم کیا جا رہا ہے، اجلاس میں صوبائی وزراء اور اعلیٰ حکام نے شرکت کی جبکہ مختلف منصوبوں پر تفصیلی بریفنگ دی گئی۔
روزنامہ اکثریت	خبرنامہ	31
پاکستان کے وزیر اعظم نے کہا ہے کہ ملک میں ترقی اور خوشحالی کے لئے تمام ادارے مل کر کام کر رہے ہیں اور عوام کو ریلیف فراہم کرنا حکومت کی اولین ترجیح ہے، انہوں نے کہا کہ معیشت کو مستحکم بنانے کے لئے اقدامات کئے جا رہے ہیں اور سرمایہ کاری کے لئے سازگار ماحول فراہم کیا جا رہا ہے، اجلاس میں صوبائی وزراء اور اعلیٰ حکام نے شرکت کی جبکہ مختلف منصوبوں پر تفصیلی بریفنگ دی گئی۔ پاکستان کے وزیر اعظم نے کہا ہے کہ ملک میں ترقی اور خوشحالی کے لئے تمام ادارے مل کر کام کر رہے ہیں اور عوام کو ریلیف فراہم کرنا حکومت کی اولین ترجیح ہے، انہوں نے کہا کہ معیشت کو مستحکم بنانے کے لئے اقدامات کئے جا رہے ہیں اور سرمایہ کاری کے لئے سازگار ماحول فراہم کیا جا رہا ہے، اجلاس میں صوبائی وزراء اور اعلیٰ حکام نے شرکت کی جبکہ مختلف منصوبوں پر تفصیلی بریفنگ دی گئی۔
روزنامہ اکثریت	خبرنامہ	32
پاکستان کے وزیر اعظم نے کہا ہے کہ ملک میں ترقی اور خوشحالی کے لئے تمام ادارے مل کر کام کر رہے ہیں اور عوام کو ریلیف فراہم کرنا حکومت کی اولین ترجیح ہے، انہوں نے کہا کہ معیشت کو مستحکم بنانے کے لئے اقدامات کئے جا رہے ہیں اور سرمایہ کاری کے لئے سازگار ماحول فراہم کیا جا رہا ہے، اجلاس میں صوبائی وزراء اور اعلیٰ حکام نے شرکت کی جبکہ مختلف منصوبوں پر تفصیلی بریفنگ دی گئی۔ پاکستان کے وزیر اعظم نے کہا ہے کہ ملک میں ترقی اور خوشحالی کے لئے تمام ادارے مل کر کام کر رہے ہیں اور عوام کو ریلیف فراہم کرنا حکومت کی اولین ترجیح ہے، انہوں نے کہا کہ معیشت کو مستحکم بنانے کے لئے اقدامات کئے جا رہے ہیں اور سرمایہ کاری کے لئے سازگار ماحول فراہم کیا جا رہا ہے، اجلاس میں صوبائی وزراء اور اعلیٰ حکام نے شرکت کی جبکہ مختلف منصوبوں پر تفصیلی بریفنگ دی گئی۔
روزنامہ اکثریت	خبرنامہ	33
پاکستان کے وزیر اعظم نے کہا ہے کہ ملک میں ترقی اور خوشحالی کے لئے تمام ادارے مل کر کام کر رہے ہیں اور عوام کو ریلیف فراہم کرنا حکومت کی اولین ترجیح ہے، انہوں نے کہا کہ معیشت کو مستحکم بنانے کے لئے اقدامات کئے جا رہے ہیں اور سرمایہ کاری کے لئے سازگار ماحول فراہم کیا جا رہا ہے، اجلاس میں صوبائی وزراء اور اعلیٰ حکام نے شرکت کی جبکہ مختلف منصوبوں پر تفصیلی بریفنگ دی گئی۔ پاکستان کے وزیر اعظم نے کہا ہے کہ ملک میں ترقی اور خوشحالی کے لئے تمام ادارے مل کر کام کر رہے ہیں اور عوام کو ریلیف فراہم کرنا حکومت کی اولین ترجیح ہے، انہوں نے کہا کہ معیشت کو مستحکم بنانے کے لئے اقدامات کئے جا رہے ہیں اور سرمایہ کاری کے لئے سازگار ماحول فراہم کیا جا رہا ہے، اجلاس میں صوبائی وزراء اور اعلیٰ حکام نے شرکت کی جبکہ مختلف منصوبوں پر تفصیلی بریفنگ دی گئی۔
روزنامہ اکثریت	خبرنامہ	34
پاکستان کے وزیر اعظم نے کہا ہے کہ ملک میں ترقی اور خوشحالی کے لئے تمام ادارے مل کر کام کر رہے ہیں اور عوام کو ریلیف فراہم کرنا حکومت کی اولین ترجیح ہے، انہوں نے کہا کہ معیشت کو مستحکم بنانے کے لئے اقدامات کئے جا رہے ہیں اور سرمایہ کاری کے لئے سازگار ماحول فراہم کیا جا رہا ہے، اجلاس میں صوبائی وزراء اور اعلیٰ حکام نے شرکت کی جبکہ مختلف منصوبوں پر تفصیلی بریفنگ دی گئی۔ پاکستان کے وزیر اعظم نے کہا ہے کہ ملک میں ترقی اور خوشحالی کے لئے تمام ادارے مل کر کام کر رہے ہیں اور عوام کو ریلیف فراہم کرنا حکومت کی اولین ترجیح ہے، انہوں نے کہا کہ معیشت کو مستحکم بنانے کے لئے اقدامات کئے جا رہے ہیں اور سرمایہ کاری کے لئے سازگار ماحول فراہم کیا جا رہا ہے، اجلاس میں صوبائی وزراء اور اعلیٰ حکام نے شرکت کی جبکہ مختلف منصوبوں پر تفصیلی بریفنگ دی گئی۔ پاکستان کے وزیر اعظم نے کہا ہے کہ ملک میں ترقی اور خوشحالی کے لئے تمام ادارے مل کر کام کر رہے ہیں اور عوام کو ریلیف فراہم کرنا حکومت کی اولین ترجیح ہے، انہوں نے کہا کہ معیشت کو مستحکم بنانے کے لئے اقدامات کئے جا رہے ہیں اور سرمایہ کاری کے لئے سازگار ماحول فراہم کیا جا رہا ہے، اجلاس میں صوبائی وزراء اور اعلیٰ حکام نے شرکت کی جبکہ مختلف منصوبوں پر تفصیلی بریفنگ دی گئی۔
روزنامہ اکثریت	خبرنامہ	35
پاکستان کے وزیر اعظم نے کہا ہے کہ ملک میں ترقی اور خوشحالی کے لئے تمام ادارے مل کر کام کر رہے ہیں اور عوام کو ریلیف فراہم کرنا حکومت کی اولین ترجیح ہے، انہوں نے کہا کہ معیشت کو مستحکم بنانے کے لئے اقدامات کئے جا رہے ہیں اور سرمایہ کاری کے لئے سازگار ماحول فراہم کیا جا رہا ہے، اجلاس میں صوبائی وزراء اور اعلیٰ حکام نے شرکت کی جبکہ مختلف منصوبوں پر تفصیلی بریفنگ دی گئی۔ پاکستان کے وزیر اعظم نے کہا ہے کہ ملک میں ترقی اور خوشحالی کے لئے تمام ادارے مل کر کام کر رہے ہیں اور عوام کو ریلیف فراہم کرنا حکومت کی اولین ترجیح ہے، انہوں نے کہا کہ معیشت کو مستحکم بنانے کے لئے اقدامات کئے جا رہے ہیں اور سرمایہ کاری کے لئے سازگار ماحول فراہم کیا جا رہا ہے، اجلاس میں صوبائی وزراء اور اعلیٰ حکام نے شرکت کی جبکہ مختلف منصوبوں پر تفصیلی بریفنگ دی گئی۔ پاکستان کے وزیر اعظم نے کہا ہے کہ ملک میں ترقی اور خوشحالی کے لئے تمام ادارے مل کر کام کر رہے ہیں اور عوام کو ریلیف فراہم کرنا حکومت کی اولین ترجیح ہے، انہوں نے کہا کہ معیشت کو مستحکم بنانے کے لئے اقدامات کئے جا رہے ہیں اور سرمایہ کاری کے لئے سازگار ماحول فراہم کیا جا رہا ہے، اجلاس میں صوبائی وزراء اور اعلیٰ حکام نے شرکت کی جبکہ مختلف منصوبوں پر تفصیلی بریفنگ دی گئی۔
روزنامہ اکثریت	خبرنامہ	36
پاکستان کے وزیر اعظم نے کہا ہے کہ ملک میں ترقی اور خوشحالی کے لئے تمام ادارے مل کر کام کر رہے ہیں اور عوام کو ریلیف فراہم کرنا حکومت کی اولین ترجیح ہے، انہوں نے کہا کہ معیشت کو مستحکم بنانے کے لئے اقدامات کئے جا رہے ہیں اور سرمایہ کاری کے لئے سازگار ماحول فراہم کیا جا رہا ہے، اجلاس میں صوبائی وزراء اور اعلیٰ حکام نے شرکت کی جبکہ مختلف منصوبوں پر تفصیلی بریفنگ دی گئی۔
روزنامہ اکثریت	خبرنامہ	37
پاکستان کے وزیر اعظم نے کہا ہے کہ ملک میں ترقی اور خوشحالی کے لئے تمام ادارے مل کر کام کر رہے ہیں اور عوام کو ریلیف فراہم کرنا حکومت کی اولین ترجیح ہے، انہوں نے کہا کہ معیشت کو مستحکم بنانے کے لئے اقدامات کئے جا رہے ہیں اور سرمایہ کاری کے لئے سازگار ماحول فراہم کیا جا رہا ہے، اجلاس میں صوبائی وزراء اور اعلیٰ حکام نے شرکت کی جبکہ مختلف منصوبوں پر تفصیلی بریفنگ دی گئی۔ پاکستان کے وزیر اعظم نے کہا ہے کہ ملک میں ترقی اور خوشحالی کے لئے تمام ادارے مل کر کام کر رہے ہیں اور عوام کو ریلیف فراہم کرنا حکومت کی اولین ترجیح ہے، انہوں نے کہا کہ معیشت کو مستحکم بنانے کے لئے اقدامات کئے جا رہے ہیں اور سرمایہ کاری کے لئے سازگار ماحول فراہم کیا جا رہا ہے، اجلاس میں صوبائی وزراء اور اعلیٰ حکام نے شرکت کی جبکہ مختلف منصوبوں پر تفصیلی بریفنگ دی گئی۔
روزنامہ اکثریت	خبرنامہ	38
پاکستان کے وزیر اعظم نے کہا ہے کہ ملک میں ترقی اور خوشحالی کے لئے تمام ادارے مل کر کام کر رہے ہیں اور عوام کو ریلیف فراہم کرنا حکومت کی اولین ترجیح ہے، انہوں نے کہا کہ معیشت کو مستحکم بنانے کے لئے اقدامات کئے جا رہے ہیں اور سرمایہ کاری کے لئے سازگار ماحول فراہم کیا جا رہا ہے، اجلاس میں صوبائی وزراء اور اعلیٰ حکام نے شرکت کی جبکہ مختلف منصوبوں پر تفصیلی بریفنگ دی گئی۔
روزنامہ اکثریت	خبرنامہ	39
پاکستان کے وزیر اعظم نے کہا ہے کہ ملک میں ترقی اور خوشحالی کے لئے تمام ادارے مل کر کام کر رہے ہیں اور عوام کو ریلیف فراہم کرنا حکومت کی اولین ترجیح ہے، انہوں نے کہا کہ معیشت کو مستحکم بنانے کے لئے اقدامات کئے جا رہے ہیں اور سرمایہ کاری کے لئے سازگار ماحول فراہم کیا جا رہا ہے، اجلاس میں صوبائی وزراء اور اعلیٰ حکام نے شرکت کی جبکہ مختلف منصوبوں پر تفصیلی بریفنگ دی گئی۔ پاکستان کے وزیر اعظم نے کہا ہے کہ ملک میں ترقی اور خوشحالی کے لئے تمام ادارے مل کر کام کر رہے ہیں اور عوام کو ریلیف فراہم کرنا حکومت کی اولین ترجیح ہے، انہوں نے کہا کہ معیشت کو مستحکم بنانے کے لئے اقدامات کئے جا رہے ہیں اور سرمایہ کاری کے لئے سازگار ماحول فراہم کیا جا رہا ہے، اجلاس میں صوبائی وزراء اور اعلیٰ حکام نے شرکت کی جبکہ مختلف منصوبوں پر تفصیلی بریفنگ دی گئی۔
روزنامہ اکثریت	خبرنامہ	40
پاکستان کے وزیر اعظم نے کہا ہے کہ ملک میں ترقی اور خوشحالی کے لئے تمام ادارے مل کر کام کر رہے ہیں اور عوام کو ریلیف فراہم کرنا حکومت کی اولین ترجیح ہے، انہوں نے کہا کہ معیشت کو مستحکم بنانے کے لئے اقدامات کئے جا رہے ہیں اور سرمایہ کاری کے لئے سازگار ماحول فراہم کیا جا رہا ہے، اجلاس میں صوبائی وزراء اور اعلیٰ حکام نے شرکت کی جبکہ مختلف منصوبوں پر تفصیلی بریفنگ دی گئی۔
روزنامہ اکثریت	خبرنامہ	41
پاکستان کے وزیر اعظم نے کہا ہے کہ ملک میں ترقی اور خوشحالی کے لئے تمام ادارے مل کر کام کر رہے ہیں اور عوام کو ریلیف فراہم کرنا حکومت کی اولین ترجیح ہے، انہوں نے کہا کہ معیشت کو مستحکم بنانے کے لئے اقدامات کئے جا رہے ہیں اور سرمایہ کاری کے لئے سازگار ماحول فراہم کیا جا رہا ہے، اجلاس میں صوبائی وزراء اور اعلیٰ حکام نے شرکت کی جبکہ مختلف منصوبوں پر تفصیلی بریفنگ دی گئی۔ پاکستان کے وزیر اعظم نے کہا ہے کہ ملک میں ترقی اور خوشحالی کے لئے تمام ادارے مل کر کام کر رہے ہیں اور عوام کو ریلیف فراہم کرنا حکومت کی اولین ترجیح ہے، انہوں نے کہا کہ معیشت کو مستحکم بنانے کے لئے اقدامات کئے جا رہے ہیں اور سرمایہ کاری کے لئے سازگار ماحول فراہم کیا جا رہا ہے، اجلاس میں صوبائی وزراء اور اعلیٰ حکام نے شرکت کی جبکہ مختلف منصوبوں پر تفصیلی بریفنگ دی گئی۔
روزنامہ اکثریت	خبرنامہ	42
پاکستان کے وزیر اعظم نے کہا ہے کہ ملک میں ترقی اور خوشحالی کے لئے تمام ادارے مل کر کام کر رہے ہیں اور عوام کو ریلیف فراہم کرنا حکومت کی اولین ترجیح ہے، انہوں نے کہا کہ معیشت کو مستحکم بنانے کے لئے اقدامات کئے جا رہے ہیں اور سرمایہ کاری کے لئے سازگار ماحول فراہم کیا جا رہا ہے، اجلاس میں صوبائی وزراء اور اعلیٰ حکام نے شرکت کی جبکہ مختلف منصوبوں پر تفصیلی بریفنگ دی گئی۔
روزنامہ اکثریت	خبرنامہ	43
پاکستان کے وزیر اعظم نے کہا ہے کہ ملک میں ترقی اور خوشحالی کے لئے تمام ادارے مل کر کام کر رہے ہیں اور عوام کو ریلیف فراہم کرنا حکومت کی اولین ترجیح ہے، انہوں نے کہا کہ معیشت کو مستحکم بنانے کے لئے اقدامات کئے جا رہے ہیں اور سرمایہ کاری کے لئے سازگار ماحول فراہم کیا جا رہا ہے، اجلاس میں صوبائی وزراء اور اعلیٰ حکام نے شرکت کی جبکہ مختلف منصوبوں پر تفصیلی بریفنگ دی گئی۔ پاکستان کے وزیر اعظم نے کہا ہے کہ ملک میں ترقی اور خوشحالی کے لئے تمام ادارے مل کر کام کر رہے ہیں اور عوام کو ریلیف فراہم کرنا حکومت کی اولین ترجیح ہے، انہوں نے کہا کہ معیشت کو مستحکم بنانے کے لئے اقدامات کئے جا رہے ہیں اور سرمایہ کاری کے لئے سازگار ماحول فراہم کیا جا رہا ہے، اجلاس میں صوبائی وزراء اور اعلیٰ حکام نے شرکت کی جبکہ مختلف منصوبوں پر تفصیلی بریفنگ دی گئی۔ پاکستان کے وزیر اعظم نے کہا ہے کہ ملک میں ترقی اور خوشحالی کے لئے تمام ادارے مل کر کام کر رہے ہیں اور عوام کو ریلیف فراہم کرنا حکومت کی اولین ترجیح ہے، انہوں نے کہا کہ معیشت کو مستحکم بنانے کے لئے اقدامات کئے جا رہے ہیں اور سرمایہ کاری کے لئے سازگار ماحول فراہم کیا جا رہا ہے، اجلاس میں صوبائی وزراء اور اعلیٰ حکام نے شرکت کی جبکہ مختلف منصوبوں پر تفصیلی بریفنگ دی گئی۔
روزنامہ اکثریت	خبرنامہ	44
پاکستان کے وزیر اعظم نے کہا ہے کہ ملک میں ترقی اور خوشحالی کے لئے تمام ادارے مل کر کام کر رہے ہیں اور عوام کو ریلیف فراہم کرنا حکومت کی اولین ترجیح ہے، انہوں نے کہا کہ معیشت کو مستحکم بنانے کے لئے اقدامات کئے جا رہے ہیں اور سرمایہ کاری کے لئے سازگار ماحول فراہم کیا جا رہا ہے، اجلاس میں صوبائی وزراء اور اعلیٰ حکام نے شرکت کی جبکہ مختلف منصوبوں پر تفصیلی بریفنگ دی گئی۔ پاکستان کے وزیر اعظم نے کہا ہے کہ ملک میں ترقی اور خوشحالی کے لئے تمام ادارے مل کر کام کر رہے ہیں اور عوام کو ریلیف فراہم کرنا حکومت کی اولین ترجیح ہے، انہوں نے کہا کہ معیشت کو مستحکم بنانے کے لئے اقدامات کئے جا رہے ہیں اور سرمایہ کاری کے لئے سازگار ماحول فراہم کیا جا رہا ہے، اجلاس میں صوبائی وزراء اور اعلیٰ حکام نے شرکت کی جبکہ مختلف منصوبوں پر تفصیلی بریفنگ دی گئی۔ پاکستان کے وزیر اعظم نے کہا ہے کہ ملک میں ترقی اور خوشحالی کے لئے تمام ادارے مل کر کام کر رہے ہیں اور عوام کو ریلیف فراہم کرنا حکومت کی اولین ترجیح ہے، انہوں نے کہا کہ معیشت کو مستحکم بنانے کے لئے اقدامات کئے جا رہے ہیں اور سرمایہ کاری کے لئے سازگار ماحول فراہم کیا جا رہا ہے، اجلاس میں صوبائی وزراء اور اعلیٰ حکام نے شرکت کی جبکہ مختلف منصوبوں پر تفصیلی بریفنگ دی گئی۔
روزنامہ اکثریت	خبرنامہ	45
پاکستان کے وزیر اعظم نے کہا ہے کہ ملک میں ترقی اور خوشحالی کے لئے تمام ادارے مل کر کام کر رہے ہیں اور عوام کو ریلیف فراہم کرنا حکومت کی اولین ترجیح ہے، انہوں نے کہا کہ معیشت کو مستحکم بنانے کے لئے اقدامات کئے جا رہے ہیں اور سرمایہ کاری کے لئے سازگار ماحول فراہم کیا جا رہا ہے، اجلاس میں صوبائی وزراء اور اعلیٰ حکام نے شرکت کی جبکہ مختلف منصوبوں پر تفصیلی بریفنگ دی گئی۔
روزنامہ اکثریت	خبرنامہ	46
پاکستان کے وزیر اعظم نے کہا ہے کہ ملک میں ترقی اور خوشحالی کے لئے تمام ادارے مل کر کام کر رہے ہیں اور عوام کو ریلیف فراہم کرنا حکومت کی اولین ترجیح ہے، انہوں نے کہا کہ معیشت کو مستحکم بنانے کے لئے اقدامات کئے جا رہے ہیں اور سرمایہ کاری کے لئے سازگار ماحول فراہم کیا جا رہا ہے، اجلاس میں صوبائی وزراء اور اعلیٰ حکام نے شرکت کی جبکہ مختلف منصوبوں پر تفصیلی بریفنگ دی گئی۔ پاکستان کے وزیر اعظم نے کہا ہے کہ ملک میں ترقی اور خوشحالی کے لئے تمام ادارے مل کر کام کر رہے ہیں اور عوام کو ریلیف فراہم کرنا حکومت کی اولین ترجیح ہے، انہوں نے کہا کہ معیشت کو مستحکم بنانے کے لئے اقدامات کئے جا رہے ہیں اور سرمایہ کاری کے لئے سازگار ماحول فراہم کیا جا رہا ہے، اجلاس میں صوبائی وزراء اور اعلیٰ حکام نے شرکت کی جبکہ مختلف منصوبوں پر تفصیلی بریفنگ دی گئی۔
روزنامہ اکثریت	خبرنامہ	47
پاکستان کے وزیر اعظم نے کہا ہے کہ ملک میں ترقی اور خوشحالی کے لئے تمام ادارے مل کر کام کر رہے ہیں اور عوام کو ریلیف فراہم کرنا حکومت کی اولین ترجیح ہے، انہوں نے کہا کہ معیشت کو مستحکم بنانے کے لئے اقدامات کئے جا رہے ہیں اور سرمایہ کاری کے لئے سازگار ماحول فراہم کیا جا رہا ہے، اجلاس میں صوبائی وزراء اور اعلیٰ حکام نے شرکت کی جبکہ مختلف منصوبوں پر تفصیلی بریفنگ دی گئی۔
روزنامہ اکثریت	خبرنامہ	48
پاکستان کے وزیر اعظم نے کہا ہے کہ ملک میں ترقی اور خوشحالی کے لئے تمام ادارے مل کر کام کر رہے ہیں اور عوام کو ریلیف فراہم کرنا حکومت کی اولین ترجیح ہے، انہوں نے کہا کہ معیشت کو مستحکم بنانے کے لئے اقدامات کئے جا رہے ہیں اور سرمایہ کاری کے لئے سازگار ماحول فراہم کیا جا رہا ہے، اجلاس میں صوبائی وزراء اور اعلیٰ حکام نے شرکت کی جبکہ مختلف منصوبوں پر تفصیلی بریفنگ دی گئی۔
روزنامہ اکثریت	خبرنامہ	49
پاکستان کے وزیر اعظم نے کہا ہے کہ ملک میں ترقی اور خوشحالی کے لئے تمام ادارے مل کر کام کر رہے ہیں اور عوام کو ریلیف فراہم کرنا حکومت کی اولین ترجیح ہے، انہوں نے کہا کہ معیشت کو مستحکم بنانے کے لئے اقدامات کئے جا رہے ہیں اور سرمایہ کاری کے لئے سازگار ماحول فراہم کیا جا رہا ہے، اجلاس میں صوبائی وزراء اور اعلیٰ حکام نے شرکت کی جبکہ مختلف منصوبوں پر تفصیلی بریفنگ دی گئی۔ پاکستان کے وزیر اعظم نے کہا ہے کہ ملک میں ترقی اور خوشحالی کے لئے تمام ادارے مل کر کام کر رہے ہیں اور عوام کو ریلیف فراہم کرنا حکومت کی اولین ترجیح ہے، انہوں نے کہا کہ معیشت کو مستحکم بنانے کے لئے اقدامات کئے جا رہے ہیں اور سرمایہ کاری کے لئے سازگار ماحول فراہم کیا جا رہا ہے، اجلاس میں صوبائی وزراء اور اعلیٰ حکام نے شرکت کی جبکہ مختلف منصوبوں پر تفصیلی بریفنگ دی گئی۔
روزنامہ اکثریت	خبرنامہ	50
پاکستان کے وزیر اعظم نے کہا ہے کہ ملک میں ترقی اور خوشحالی کے لئے تمام ادارے مل کر کام کر رہے ہیں اور عوام کو ریلیف فراہم کرنا حکومت کی اولین ترجیح ہے، انہوں نے کہا کہ معیشت کو مستحکم بنانے کے لئے اقدامات کئے جا رہے ہیں اور سرمایہ کاری کے لئے سازگار ماحول فراہم کیا جا رہا ہے، اجلاس میں صوبائی وزراء اور اعلیٰ حکام نے شرکت کی جبکہ مختلف منصوبوں پر تفصیلی بریفنگ دی گئی۔ پاکستان کے وزیر اعظم نے کہا ہے کہ ملک میں ترقی اور خوشحالی کے لئے تمام ادارے مل کر کام کر رہے ہیں اور عوام کو ریلیف فراہم کرنا حکومت کی اولین ترجیح ہے، انہوں نے کہا کہ معیشت کو مستحکم بنانے کے لئے اقدامات کئے جا رہے ہیں اور سرمایہ کاری کے لئے سازگار ماحول فراہم کیا جا رہا ہے، اجلاس میں صوبائی وزراء اور اعلیٰ حکام نے شرکت کی جبکہ مختلف منصوبوں پر تفصیلی بریفنگ دی گئی۔
روزنامہ اکثریت	خبرنامہ	51
پاکستان کے وزیر اعظم نے کہا ہے کہ ملک میں ترقی اور خوشحالی کے لئے تمام ادارے مل کر کام کر رہے ہیں اور عوام کو ریلیف فراہم کرنا حکومت کی اولین ترجیح ہے، انہوں نے کہا کہ معیشت کو مستحکم بنانے کے لئے اقدامات کئے جا رہے ہیں اور سرمایہ کاری کے لئے سازگار ماحول فراہم کیا جا رہا ہے، اجلاس میں صوبائی وزراء اور اعلیٰ حکام نے شرکت کی جبکہ مختلف منصوبوں پر تفصیلی بریفنگ دی گئی۔
روزنامہ اکثریت	خبرنامہ	52
پاکستان کے وزیر اعظم نے کہا ہے کہ ملک میں ترقی اور خوشحالی کے لئے تمام ادارے مل کر کام کر رہے ہیں اور عوام کو ریلیف فراہم کرنا حکومت کی اولین ترجیح ہے، انہوں نے کہا کہ معیشت کو مستحکم بنانے کے لئے اقدامات کئے جا رہے ہیں اور سرمایہ کاری کے لئے سازگار ماحول فراہم کیا جا رہا ہے، اجلاس میں صوبائی وزراء اور اعلیٰ حکام نے شرکت کی جبکہ مختلف منصوبوں پر تفصیلی بریفنگ دی گئی۔
روزنامہ اکثریت	خبرنامہ	53
پاکستان کے وزیر اعظم نے کہا ہے کہ ملک میں ترقی اور خوشحالی کے لئے تمام ادارے مل کر کام کر رہے ہیں اور عوام کو ریلیف فراہم کرنا حکومت کی اولین ترجیح ہے، انہوں نے کہا کہ معیشت کو مستحکم بنانے کے لئے اقدامات کئے جا رہے ہیں اور سرمایہ کاری کے لئے سازگار ماحول فراہم کیا جا رہا ہے، اجلاس میں صوبائی وزراء اور اعلیٰ حکام نے شرکت کی جبکہ مختلف منصوبوں پر تفصیلی بریفنگ دی گئی۔ پاکستان کے وزیر اعظم نے کہا ہے کہ ملک میں ترقی اور خوشحالی کے لئے تمام ادارے مل کر کام کر رہے ہیں اور عوام کو ریلیف فراہم کرنا حکومت کی اولین ترجیح ہے، انہوں نے کہا کہ معیشت کو مستحکم بنانے کے لئے اقدامات کئے جا رہے ہیں اور سرمایہ کاری کے لئے سازگار ماحول فراہم کیا جا رہا ہے، اجلاس میں صوبائی وزراء اور اعلیٰ حکام نے شرکت کی جبکہ مختلف منصوبوں پر تفصیلی بریفنگ دی گئی۔
روزنامہ اکثریت	خبرنامہ	54
پاکستان کے وزیر اعظم نے کہا ہے کہ ملک میں ترقی اور خوشحالی کے لئے تمام ادارے مل کر کام کر رہے ہیں اور عوام کو ریلیف فراہم کرنا حکومت کی اولین ترجیح ہے، انہوں نے کہا کہ معیشت کو مستحکم بنانے کے لئے اقدامات کئے جا رہے ہیں اور سرمایہ کاری کے لئے سازگار ماحول فراہم کیا جا رہا ہے، اجلاس میں صوبائی وزراء اور اعلیٰ حکام نے شرکت کی جبکہ مختلف منصوبوں پر تفصیلی بریفنگ دی گئی۔ پاکستان کے وزیر اعظم نے کہا ہے کہ ملک میں ترقی اور خوشحالی کے لئے تمام ادارے مل کر کام کر رہے ہیں اور عوام کو ریلیف فراہم کرنا حکومت کی اولین ترجیح ہے، انہوں نے کہا کہ معیشت کو مستحکم بنانے کے لئے اقدامات کئے جا رہے ہیں اور سرمایہ کاری کے لئے سازگار ماحول فراہم کیا جا رہا ہے، اجلاس میں صوبائی وزراء اور اعلیٰ حکام نے شرکت کی جبکہ مختلف منصوبوں پر تفصیلی بریفنگ دی گئی۔
روزنامہ اکثریت	خبرنامہ	55
پاکستان کے وزیر اعظم نے کہا ہے کہ ملک میں ترقی اور خوشحالی کے لئے تمام ادارے مل کر کام کر رہے ہیں اور عوام کو ریلیف فراہم کرنا حکومت کی اولین ترجیح ہے، انہوں نے کہا کہ معیشت کو مستحکم بنانے کے لئے اقدامات کئے جا رہے ہیں اور سرمایہ کاری کے لئے سازگار ماحول فراہم کیا جا رہا ہے، اجلاس میں صوبائی وزراء اور اعلیٰ حکام نے شرکت کی جبکہ مختلف منصوبوں پر تفصیلی بریفنگ دی گئی۔
روزنامہ اکثریت	خبرنامہ	56
پاکستان کے وزیر اعظم نے کہا ہے کہ ملک میں ترقی اور خوشحالی کے لئے تمام ادارے مل کر کام کر رہے ہیں اور عوام کو ریلیف فراہم کرنا حکومت کی اولین ترجیح ہے، انہوں نے کہا کہ معیشت کو مستحکم بنانے کے لئے اقدامات کئے جا رہے ہیں اور سرمایہ کاری کے لئے سازگار ماحول فراہم کیا جا رہا ہے، اجلاس میں صوبائی وزراء اور اعلیٰ حکام نے شرکت کی جبکہ مختلف منصوبوں پر تفصیلی بریفنگ دی گئی۔
روزنامہ اکثریت	خبرنامہ	57
پاکستان کے وزیر اعظم نے کہا ہے کہ ملک میں ترقی اور خوشحالی کے لئے تمام ادارے مل کر کام کر رہے ہیں اور عوام کو ریلیف فراہم کرنا حکومت کی اولین ترجیح ہے، انہوں نے کہا کہ معیشت کو مستحکم بنانے کے لئے اقدامات کئے جا رہے ہیں اور سرمایہ کاری کے لئے سازگار ماحول فراہم کیا جا رہا ہے، اجلاس میں صوبائی وزراء اور اعلیٰ حکام نے شرکت کی جبکہ مختلف منصوبوں پر تفصیلی بریفنگ دی گئی۔ پاکستان کے وزیر اعظم نے کہا ہے کہ ملک میں ترقی اور خوشحالی کے لئے تمام ادارے مل کر کام کر رہے ہیں اور عوام کو ریلیف فراہم کرنا حکومت کی اولین ترجیح ہے، انہوں نے کہا کہ معیشت کو مستحکم بنانے کے لئے اقدامات کئے جا رہے ہیں اور سرمایہ کاری کے لئے سازگار ماحول فراہم کیا جا رہا ہے، اجلاس میں صوبائی وزراء اور اعلیٰ حکام نے شرکت کی جبکہ مختلف منصوبوں پر تفصیلی بریفنگ دی گئی۔
روزنامہ اکثریت	خبرنامہ	58
پاکستان کے وزیر اعظم نے کہا ہے کہ ملک میں ترقی اور خوشحالی کے لئے تمام ادارے مل کر کام کر رہے ہیں اور عوام کو ریلیف فراہم کرنا حکومت کی اولین ترجیح ہے، انہوں نے کہا کہ معیشت کو مستحکم بنانے کے لئے اقدامات کئے جا رہے ہیں اور سرمایہ کاری کے لئے سازگار ماحول فراہم کیا جا رہا ہے، اجلاس میں صوبائی وزراء اور اعلیٰ حکام نے شرکت کی جبکہ مختلف منصوبوں پر تفصیلی بریفنگ دی گئی۔ پاکستان کے وزیر اعظم نے کہا ہے کہ ملک میں ترقی اور خوشحالی کے لئے تمام ادارے مل کر کام کر رہے ہیں اور عوام کو ریلیف فراہم کرنا حکومت کی اولین ترجیح ہے، انہوں نے کہا کہ معیشت کو مستحکم بنانے کے لئے اقدامات کئے جا رہے ہیں اور سرمایہ کاری کے لئے سازگار ماحول فراہم کیا جا رہا ہے، اجلاس میں صوبائی وزراء اور اعلیٰ حکام نے شرکت کی جبکہ مختلف منصوبوں پر تفصیلی بریفنگ دی گئی۔
روزنامہ اکثریت	خبرنامہ	59
پاکستان کے وزیر اعظم نے کہا ہے کہ ملک میں ترقی اور خوشحالی کے لئے تمام ادارے مل کر کام کر رہے ہیں اور عوام کو ریلیف فراہم کرنا حکومت کی اولین ترجیح ہے، انہوں نے کہا کہ معیشت کو مستحکم بنانے کے لئے اقدامات کئے جا رہے ہیں اور سرمایہ کاری کے لئے سازگار ماحول فراہم کیا جا رہا ہے، اجلاس میں صوبائی وزراء اور اعلیٰ حکام نے شرکت کی جبکہ مختلف منصوبوں پر تفصیلی بریفنگ دی گئی۔
روزنامہ اکثریت	خبرنامہ	60
پاکستان کے وزیر اعظم نے کہا ہے کہ ملک میں ترقی اور خوشحالی کے لئے تمام ادارے مل کر کام کر رہے ہیں اور عوام کو ریلیف فراہم کرنا حکومت کی اولین ترجیح ہے، انہوں نے کہا کہ معیشت کو مستحکم بنانے کے لئے اقدامات کئے جا رہے ہیں اور سرمایہ کاری کے لئے سازگار ماحول فراہم کیا جا رہا ہے، اجلاس میں صوبائی وزراء اور اعلیٰ حکام نے شرکت کی جبکہ مختلف منصوبوں پر تفصیلی بریفنگ دی گئی۔
روزنامہ اکثریت	خبرنامہ	61
پاکستان کے وزیر اعظم نے کہا ہے کہ ملک میں ترقی اور خوشحالی کے لئے تمام ادارے مل کر کام کر رہے ہیں اور عوام کو ریلیف فراہم کرنا حکومت کی اولین ترجیح ہے، انہوں نے کہا کہ معیشت کو مستحکم بنانے کے لئے اقدامات کئے جا رہے ہیں اور سرمایہ کاری کے لئے سازگار ماحول فراہم کیا جا رہا ہے، اجلاس میں صوبائی وزراء اور اعلیٰ حکام نے شرکت کی جبکہ مختلف منصوبوں پر تفصیلی بریفنگ دی گئی۔ پاکستان کے وزیر اعظم نے کہا ہے کہ ملک میں ترقی اور خوشحالی کے لئے تمام ادارے مل کر کام کر رہے ہیں اور عوام کو ریلیف فراہم کرنا حکومت کی اولین ترجیح ہے، انہوں نے کہا کہ معیشت کو مستحکم بنانے کے لئے اقدامات کئے جا رہے ہیں اور سرمایہ کاری کے لئے سازگار ماحول فراہم کیا جا رہا ہے، اجلاس میں صوبائی وزراء اور اعلیٰ حکام نے شرکت کی جبکہ مختلف منصوبوں پر تفصیلی بریفنگ دی گئی۔
روزنامہ اکثریت	خبرنامہ	62
پاکستان کے وزیر اعظم نے کہا ہے کہ ملک میں ترقی اور خوشحالی کے لئے تمام ادارے مل کر کام کر رہے ہیں اور عوام کو ریلیف فراہم کرنا حکومت کی اولین ترجیح ہے، انہوں نے کہا کہ معیشت کو مستحکم بنانے کے لئے اقدامات کئے جا رہے ہیں اور سرمایہ کاری کے لئے سازگار ماحول فراہم کیا جا رہا ہے، اجلاس میں صوبائی وزراء اور اعلیٰ حکام نے شرکت کی جبکہ مختلف منصوبوں پر تفصیلی بریفنگ دی گئی۔ پاکستان کے وزیر اعظم نے کہا ہے کہ ملک میں ترقی اور خوشحالی کے لئے تمام ادارے مل کر کام کر رہے ہیں اور عوام کو ریلیف فراہم کرنا حکومت کی اولین ترجیح ہے، انہوں نے کہا کہ معیشت کو مستحکم بنانے کے لئے اقدامات کئے جا رہے ہیں اور سرمایہ کاری کے لئے سازگار ماحول فراہم کیا جا رہا ہے، اجلاس میں صوبائی وزراء اور اعلیٰ حکام نے شرکت کی جبکہ مختلف منصوبوں پر تفصیلی بریفنگ دی گئی۔
روزنامہ اکثریت	خبرنامہ	63
پاکستان کے وزیر اعظم نے کہا ہے کہ ملک میں ترقی اور خوشحالی کے لئے تمام ادارے مل کر کام کر رہے ہیں اور عوام کو ریلیف فراہم کرنا حکومت کی اولین ترجیح ہے، انہوں نے کہا کہ معیشت کو مستحکم بنانے کے لئے اقدامات کئے جا رہے ہیں اور سرمایہ کاری کے لئے سازگار ماحول فراہم کیا جا رہا ہے، اجلاس میں صوبائی وزراء اور اعلیٰ حکام نے شرکت کی جبکہ مختلف منصوبوں پر تفصیلی بریفنگ دی گئی۔
روزنامہ اکثریت	خبرنامہ	64
پاکستان کے وزیر اعظم نے کہا ہے کہ ملک میں ترقی اور خوشحالی کے لئے تمام ادارے مل کر کام کر رہے ہیں اور عوام کو ریلیف فراہم کرنا حکومت کی اولین ترجیح ہے، انہوں نے کہا کہ معیشت کو مستحکم بنانے کے لئے اقدامات کئے جا رہے ہیں اور سرمایہ کاری کے لئے سازگار ماحول فراہم کیا جا رہا ہے، اجلاس میں صوبائی وزراء اور اعلیٰ حکام نے شرکت کی جبکہ مختلف منصوبوں پر تفصیلی بریفنگ دی گئی۔ پاکستان کے وزیر اعظم نے کہا ہے کہ ملک میں ترقی اور خوشحالی کے لئے تمام ادارے مل کر کام کر رہے ہیں اور عوام کو ریلیف فراہم کرنا حکومت کی اولین ترجیح ہے، انہوں نے کہا کہ معیشت کو مستحکم بنانے کے لئے اقدامات کئے جا رہے ہیں اور سرمایہ کاری کے لئے سازگار ماحول فراہم کیا جا رہا ہے، اجلاس میں صوبائی وزراء اور اعلیٰ حکام نے شرکت کی جبکہ مختلف منصوبوں پر تفصیلی بریفنگ دی گئی۔ پاکستان کے وزیر اعظم نے کہا ہے کہ ملک میں ترقی اور خوشحالی کے لئے تمام ادارے مل کر کام کر رہے ہیں اور عوام کو ریلیف فراہم کرنا حکومت کی اولین ترجیح ہے، انہوں نے کہا کہ معیشت کو مستحکم بنانے کے لئے اقدامات کئے جا رہے ہیں اور سرمایہ کاری کے لئے سازگار ماحول فراہم کیا جا رہا ہے، اجلاس میں صوبائی وزراء اور اعلیٰ حکام نے شرکت کی جبکہ مختلف منصوبوں پر تفصیلی بریفنگ دی گئی۔
روزنامہ اکثریت	خبرنامہ	65
پاکستان کے وزیر اعظم نے کہا ہے کہ ملک میں ترقی اور خوشحالی کے لئے تمام ادارے مل کر کام کر رہے ہیں اور عوام کو ریلیف فراہم کرنا حکومت کی اولین ترجیح ہے، انہوں نے کہا کہ معیشت کو مستحکم بنانے کے لئے اقدامات کئے جا رہے ہیں اور سرمایہ کاری کے لئے سازگار ماحول فراہم کیا جا رہا ہے، اجلاس میں صوبائی وزراء اور اعلیٰ حکام نے شرکت کی جبکہ مختلف منصوبوں پر تفصیلی بریفنگ دی گئی۔ پاکستان کے وزیر اعظم نے کہا ہے کہ ملک میں ترقی اور خوشحالی کے لئے تمام ادارے مل کر کام کر رہے ہیں اور عوام کو ریلیف فراہم کرنا حکومت کی اولین ترجیح ہے، انہوں نے کہا کہ معیشت کو مستحکم بنانے کے لئے اقدامات کئے جا رہے ہیں اور سرمایہ کاری کے لئے سازگار ماحول فراہم کیا جا رہا ہے، اجلاس میں صوبائی وزراء اور اعلیٰ حکام نے شرکت کی جبکہ مختلف منصوبوں پر تفصیلی بریفنگ دی گئی۔
روزنامہ اکثریت	خبرنامہ	66
پاکستان کے وزیر اعظم نے کہا ہے کہ ملک میں ترقی اور خوشحالی کے لئے تمام ادارے مل کر کام کر رہے ہیں اور عوام کو ریلیف فراہم کرنا حکومت کی اولین ترجیح ہے، انہوں نے کہا کہ معیشت کو مستحکم بنانے کے لئے اقدامات کئے جا رہے ہیں اور سرمایہ کاری کے لئے سازگار ماحول فراہم کیا جا رہا ہے، اجلاس میں صوبائی وزراء اور اعلیٰ حکام نے شرکت کی جبکہ مختلف منصوبوں پر تفصیلی بریفنگ دی گئی۔
روزنامہ اکثریت	خبرنامہ	67
پاکستان کے وزیر اعظم نے کہا ہے کہ ملک میں ترقی اور خوشحالی کے لئے تمام ادارے مل کر کام کر رہے ہیں اور عوام کو ریلیف فراہم کرنا حکومت کی اولین ترجیح ہے، انہوں نے کہا کہ معیشت کو مستحکم بنانے کے لئے اقدامات کئے جا رہے ہیں اور سرمایہ کاری کے لئے سازگار ماحول فراہم کیا جا رہا ہے، اجلاس میں صوبائی وزراء اور اعلیٰ حکام نے شرکت کی جبکہ مختلف منصوبوں پر تفصیلی بریفنگ دی گئی۔
روزنامہ اکثریت	خبرنامہ	68
پاکستان کے وزیر اعظم نے کہا ہے کہ ملک میں ترقی اور خوشحالی کے لئے تمام ادارے مل کر کام کر رہے ہیں اور عوام کو ریلیف فراہم کرنا حکومت کی اولین ترجیح ہے، انہوں نے کہا کہ معیشت کو مستحکم بنانے کے لئے اقدامات کئے جا رہے ہیں اور سرمایہ کاری کے لئے سازگار ماحول فراہم کیا جا رہا ہے، اجلاس میں صوبائی وزراء اور اعلیٰ حکام نے شرکت کی جبکہ مختلف منصوبوں پر تفصیلی بریفنگ دی گئی۔ پاکستان کے وزیر اعظم نے کہا ہے کہ ملک میں ترقی اور خوشحالی کے لئے تمام ادارے مل کر کام کر رہے ہیں اور عوام کو ریلیف فراہم کرنا حکومت کی اولین ترجیح ہے، انہوں نے کہا کہ معیشت کو مستحکم بنانے کے لئے اقدامات کئے جا رہے ہیں اور سرمایہ کاری کے لئے سازگار ماحول فراہم کیا جا رہا ہے، اجلاس میں صوبائی وزراء اور اعلیٰ حکام نے شرکت کی جبکہ مختلف منصوبوں پر تفصیلی بریفنگ دی گئی۔
روزنامہ اکثریت	خبرنامہ	69
پاکستان کے وزیر اعظم نے کہا ہے کہ ملک میں ترقی اور خوشحالی کے لئے تمام ادارے مل کر کام کر رہے ہیں اور عوام کو ریلیف فراہم کرنا حکومت کی اولین ترجیح ہے، انہوں نے کہا کہ معیشت کو مستحکم بنانے کے لئے اقدامات کئے جا رہے ہیں اور سرمایہ کاری کے لئے سازگار ماحول فراہم کیا جا رہا ہے، اجلاس میں صوبائی وزراء اور اعلیٰ حکام نے شرکت کی جبکہ مختلف منصوبوں پر تفصیلی بریفنگ دی گئی۔ پاکستان کے وزیر اعظم نے کہا ہے کہ ملک میں ترقی اور خوشحالی کے لئے تمام ادارے مل کر کام کر رہے ہیں اور عوام کو ریلیف فراہم کرنا حکومت کی اولین ترجیح ہے، انہوں نے کہا کہ معیشت کو مستحکم بنانے کے لئے اقدامات کئے جا رہے ہیں اور سرمایہ کاری کے لئے سازگار ماحول فراہم کیا جا رہا ہے، اجلاس میں صوبائی وزراء اور اعلیٰ حکام نے شرکت کی جبکہ مختلف منصوبوں پر تفصیلی بریفنگ دی گئی۔
روزنامہ اکثریت	خبرنامہ	70
پاکستان کے وزیر اعظم نے کہا ہے کہ ملک میں ترقی اور خوشحالی کے لئے تمام ادارے مل کر کام کر رہے ہیں اور عوام کو ریلیف فراہم کرنا حکومت کی اولین ترجیح ہے، انہوں نے کہا کہ معیشت کو مستحکم بنانے کے لئے اقدامات کئے جا رہے ہیں اور سرمایہ کاری کے لئے سازگار ماحول فراہم کیا جا رہا ہے، اجلاس میں صوبائی وزراء اور اعلیٰ حکام نے شرکت کی جبکہ مختلف منصوبوں پر تفصیلی بریفنگ دی گئی۔ پاکستان کے وزیر اعظم نے کہا ہے کہ ملک میں ترقی اور خوشحالی کے لئے تمام ادارے مل کر کام کر رہے ہیں اور عوام کو ریلیف فراہم کرنا حکومت کی اولین ترجیح ہے، انہوں نے کہا کہ معیشت کو مستحکم بنانے کے لئے اقدامات کئے جا رہے ہیں اور سرمایہ کاری کے لئے سازگار ماحول فراہم کیا جا رہا ہے، اجلاس میں صوبائی وزراء اور اعلیٰ حکام نے شرکت کی جبکہ مختلف منصوبوں پر تفصیلی بریفنگ دی گئی۔
روزنامہ اکثریت	خبرنامہ	71
پاکستان کے وزیر اعظم نے کہا ہے کہ ملک میں ترقی اور خوشحالی کے لئے تمام ادارے مل کر کام کر رہے ہیں اور عوام کو ریلیف فراہم کرنا حکومت کی اولین ترجیح ہے، انہوں نے کہا کہ معیشت کو مستحکم بنانے کے لئے اقدامات کئے جا رہے ہیں اور سرمایہ کاری کے لئے سازگار ماحول فراہم کیا جا رہا ہے، اجلاس میں صوبائی وزراء اور اعلیٰ حکام نے شرکت کی جبکہ مختلف منصوبوں پر تفصیلی بریفنگ دی گئی۔
روزنامہ اکثریت	خبرنامہ	72
پاکستان کے وزیر اعظم نے کہا ہے کہ ملک میں ترقی اور خوشحالی کے لئے تمام ادارے مل کر کام کر رہے ہیں اور عوام کو ریلیف فراہم کرنا حکومت کی اولین ترجیح ہے، انہوں نے کہا کہ معیشت کو مستحکم بنانے کے لئے اقدامات کئے جا رہے ہیں اور سرمایہ کاری کے لئے سازگار ماحول فراہم کیا جا رہا ہے، اجلاس میں صوبائی وزراء اور اعلیٰ حکام نے شرکت کی جبکہ مختلف منصوبوں پر تفصیلی بریفنگ دی گئی۔
روزنامہ اکثریت	خبرنامہ	73
پاکستان کے وزیر اعظم نے کہا ہے کہ ملک میں ترقی اور خوشحالی کے لئے تمام ادارے مل کر کام کر رہے ہیں اور عوام کو ریلیف فراہم کرنا حکومت کی اولین ترجیح ہے، انہوں نے کہا کہ معیشت کو مستحکم بنانے کے لئے اقدامات کئے جا رہے ہیں اور سرمایہ کاری کے لئے سازگار ماحول فراہم کیا جا رہا ہے، اجلاس میں صوبائی وزراء اور اعلیٰ حکام نے شرکت کی جبکہ مختلف منصوبوں پر تفصیلی بریفنگ دی گئی۔ پاکستان کے وزیر اعظم نے کہا ہے کہ ملک میں ترقی اور خوشحالی کے لئے تمام ادارے مل کر کام کر رہے ہیں اور عوام کو ریلیف فراہم کرنا حکومت کی اولین ترجیح ہے، انہوں نے کہا کہ معیشت کو مستحکم بنانے کے لئے اقدامات کئے جا رہے ہیں اور سرمایہ کاری کے لئے سازگار ماحول فراہم کیا جا رہا ہے، اجلاس میں صوبائی وزراء اور اعلیٰ حکام نے شرکت کی جبکہ مختلف منصوبوں پر تفصیلی بریفنگ دی گئی۔
روزنامہ اکثریت	خبرنامہ	74
پاکستان کے وزیر اعظم نے کہا ہے کہ ملک میں ترقی اور خوشحالی کے لئے تمام ادارے مل کر کام کر رہے ہیں اور عوام کو ریلیف فراہم کرنا حکومت کی اولین ترجیح ہے، انہوں نے کہا کہ معیشت کو مستحکم بنانے کے لئے اقدامات کئے جا رہے ہیں اور سرمایہ کاری کے لئے سازگار ماحول فراہم کیا جا رہا ہے، اجلاس میں صوبائی وزراء اور اعلیٰ حکام نے شرکت کی جبکہ مختلف منصوبوں پر تفصیلی بریفنگ دی گئی۔ پاکستان کے وزیر اعظم نے کہا ہے کہ ملک میں ترقی اور خوشحالی کے لئے تمام ادارے مل کر کام کر رہے ہیں اور عوام کو ریلیف فراہم کرنا حکومت کی اولین ترجیح ہے، انہوں نے کہا کہ معیشت کو مستحکم بنانے کے لئے اقدامات کئے جا رہے ہیں اور سرمایہ کاری کے لئے سازگار ماحول فراہم کیا جا رہا ہے، اجلاس میں صوبائی وزراء اور اعلیٰ حکام نے شرکت کی جبکہ مختلف منصوبوں پر تفصیلی بریفنگ دی گئی۔
روزنامہ اکثریت	خبرنامہ	75
پاکستان کے وزیر اعظم نے کہا ہے کہ ملک میں ترقی اور خوشحالی کے لئے تمام ادارے مل کر کام کر رہے ہیں اور عوام کو ریلیف فراہم کرنا حکومت کی اولین ترجیح ہے، انہوں نے کہا کہ معیشت کو مستحکم بنانے کے لئے اقدامات کئے جا رہے ہیں اور سرمایہ کاری کے لئے سازگار ماحول فراہم کیا جا رہا ہے، اجلاس میں صوبائی وزراء اور اعلیٰ حکام نے شرکت کی جبکہ مختلف منصوبوں پر تفصیلی بریفنگ دی گئی۔ پاکستان کے وزیر اعظم نے کہا ہے کہ ملک میں ترقی اور خوشحالی کے لئے تمام ادارے مل کر کام کر رہے ہیں اور عوام کو ریلیف فراہم کرنا حکومت کی اولین ترجیح ہے، انہوں نے کہا کہ معیشت کو مستحکم بنانے کے لئے اقدامات کئے جا رہے ہیں اور سرمایہ کاری کے لئے سازگار ماحول فراہم کیا جا رہا ہے، اجلاس میں صوبائی وزراء اور اعلیٰ حکام نے شرکت کی جبکہ مختلف منصوبوں پر تفصیلی بریفنگ دی گئی۔ پاکستان کے وزیر اعظم نے کہا ہے کہ ملک میں ترقی اور خوشحالی کے لئے تمام ادارے مل کر کام کر رہے ہیں اور عوام کو ریلیف فراہم کرنا حکومت کی اولین ترجیح ہے، انہوں نے کہا کہ معیشت کو مستحکم بنانے کے لئے اقدامات کئے جا رہے ہیں اور سرمایہ کاری کے لئے سازگار ماحول فراہم کیا جا رہا ہے، اجلاس میں صوبائی وزراء اور اعلیٰ حکام نے شرکت کی جبکہ مختلف منصوبوں پر تفصیلی بریفنگ دی گئی۔
